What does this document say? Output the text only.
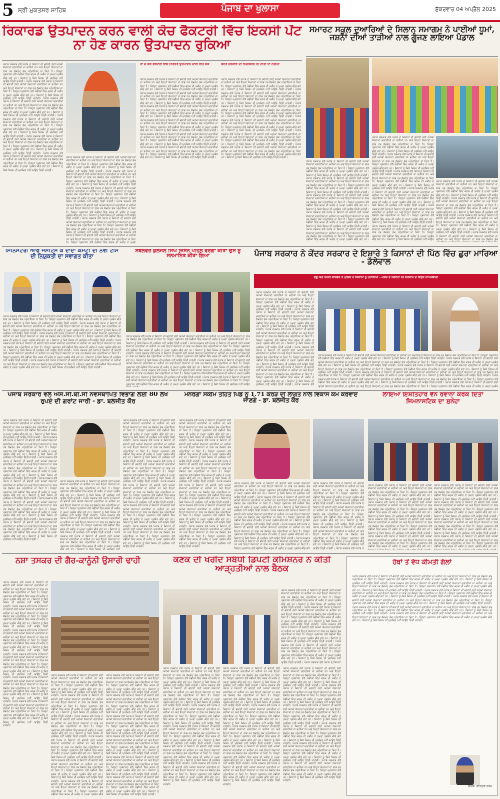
5 ਸ੍ਰੀ ਮੁਕਤਸਰ ਸਾਹਿਬ	ਪੰਜਾਬ ਦਾ ਖੁਲਾਸਾ	ਸ਼ੁੱਕਰਵਾਰ 04 ਅਪ੍ਰੈਲ 2025
ਰਿਕਾਰਡ ਉਤਪਾਦਨ ਕਰਨ ਵਾਲੀ ਕੋਚ ਫੈਕਟਰੀ ਵਿੱਚ ਇਕਸੀ ਪੇਂਟ ਨਾ ਹੋਣ ਕਾਰਨ ਉਤਪਾਦਨ ਰੁਕਿਆ
ਪੰਜਾਬ ਸਰਕਾਰ ਵੱਲੋਂ ਪੰਜਾਬ ਦੇ ਕਿਸਾਨਾਂ ਦੀ ਭਲਾਈ ਲਈ ਅਨੇਕਾਂ ਯੋਜਨਾਵਾਂ ਚਲਾਈਆਂ ਜਾ ਰਹੀਆਂ ਹਨ ਅਤੇ ਇਨ੍ਹਾਂ ਯੋਜਨਾਵਾਂ ਦਾ ਲਾਭ ਹਰ ਲੋੜਵੰਦ ਤੱਕ ਪਹੁੰਚਾਇਆ ਜਾ ਰਿਹਾ ਹੈ। ਜ਼ਿਲ੍ਹਾ ਪ੍ਰਸ਼ਾਸਨ ਵੱਲੋਂ ਮੰਡੀਆਂ ਵਿੱਚ ਕਣਕ ਦੀ ਖਰੀਦ ਦੇ ਪੁਖਤਾ ਪ੍ਰਬੰਧ ਕੀਤੇ ਗਏ ਹਨ। ਕਿਸਾਨਾਂ ਨੂੰ ਕਿਸੇ ਕਿਸਮ ਦੀ ਮੁਸ਼ਕਿਲ ਨਹੀਂ ਆਉਣ ਦਿੱਤੀ ਜਾਵੇਗੀ। ਪੰਜਾਬ ਸਰਕਾਰ ਵੱਲੋਂ ਪੰਜਾਬ ਦੇ ਕਿਸਾਨਾਂ ਦੀ ਭਲਾਈ ਲਈ ਅਨੇਕਾਂ ਯੋਜਨਾਵਾਂ ਚਲਾਈਆਂ ਜਾ ਰਹੀਆਂ ਹਨ ਅਤੇ ਇਨ੍ਹਾਂ ਯੋਜਨਾਵਾਂ ਦਾ ਲਾਭ ਹਰ ਲੋੜਵੰਦ ਤੱਕ ਪਹੁੰਚਾਇਆ ਜਾ ਰਿਹਾ ਹੈ। ਜ਼ਿਲ੍ਹਾ ਪ੍ਰਸ਼ਾਸਨ ਵੱਲੋਂ ਮੰਡੀਆਂ ਵਿੱਚ ਕਣਕ ਦੀ ਖਰੀਦ ਦੇ ਪੁਖਤਾ ਪ੍ਰਬੰਧ ਕੀਤੇ ਗਏ ਹਨ। ਕਿਸਾਨਾਂ ਨੂੰ ਕਿਸੇ ਕਿਸਮ ਦੀ ਮੁਸ਼ਕਿਲ ਨਹੀਂ ਆਉਣ ਦਿੱਤੀ ਜਾਵੇਗੀ। ਪੰਜਾਬ ਸਰਕਾਰ ਵੱਲੋਂ ਪੰਜਾਬ ਦੇ ਕਿਸਾਨਾਂ ਦੀ ਭਲਾਈ ਲਈ ਅਨੇਕਾਂ ਯੋਜਨਾਵਾਂ ਚਲਾਈਆਂ ਜਾ ਰਹੀਆਂ ਹਨ ਅਤੇ ਇਨ੍ਹਾਂ ਯੋਜਨਾਵਾਂ ਦਾ ਲਾਭ ਹਰ ਲੋੜਵੰਦ ਤੱਕ ਪਹੁੰਚਾਇਆ ਜਾ ਰਿਹਾ ਹੈ। ਜ਼ਿਲ੍ਹਾ ਪ੍ਰਸ਼ਾਸਨ ਵੱਲੋਂ ਮੰਡੀਆਂ ਵਿੱਚ ਕਣਕ ਦੀ ਖਰੀਦ ਦੇ ਪੁਖਤਾ ਪ੍ਰਬੰਧ ਕੀਤੇ ਗਏ ਹਨ। ਕਿਸਾਨਾਂ ਨੂੰ ਕਿਸੇ ਕਿਸਮ ਦੀ ਮੁਸ਼ਕਿਲ ਨਹੀਂ ਆਉਣ ਦਿੱਤੀ ਜਾਵੇਗੀ। ਪੰਜਾਬ ਸਰਕਾਰ ਵੱਲੋਂ ਪੰਜਾਬ ਦੇ ਕਿਸਾਨਾਂ ਦੀ ਭਲਾਈ ਲਈ ਅਨੇਕਾਂ ਯੋਜਨਾਵਾਂ ਚਲਾਈਆਂ ਜਾ ਰਹੀਆਂ ਹਨ ਅਤੇ ਇਨ੍ਹਾਂ ਯੋਜਨਾਵਾਂ ਦਾ ਲਾਭ ਹਰ ਲੋੜਵੰਦ ਤੱਕ ਪਹੁੰਚਾਇਆ ਜਾ ਰਿਹਾ ਹੈ। ਜ਼ਿਲ੍ਹਾ ਪ੍ਰਸ਼ਾਸਨ ਵੱਲੋਂ ਮੰਡੀਆਂ ਵਿੱਚ ਕਣਕ ਦੀ ਖਰੀਦ ਦੇ ਪੁਖਤਾ ਪ੍ਰਬੰਧ ਕੀਤੇ ਗਏ ਹਨ। ਕਿਸਾਨਾਂ ਨੂੰ ਕਿਸੇ ਕਿਸਮ ਦੀ ਮੁਸ਼ਕਿਲ ਨਹੀਂ ਆਉਣ ਦਿੱਤੀ ਜਾਵੇਗੀ। ਪੰਜਾਬ ਸਰਕਾਰ ਵੱਲੋਂ ਪੰਜਾਬ ਦੇ ਕਿਸਾਨਾਂ ਦੀ ਭਲਾਈ ਲਈ ਅਨੇਕਾਂ ਯੋਜਨਾਵਾਂ ਚਲਾਈਆਂ ਜਾ ਰਹੀਆਂ ਹਨ ਅਤੇ ਇਨ੍ਹਾਂ ਯੋਜਨਾਵਾਂ ਦਾ ਲਾਭ ਹਰ ਲੋੜਵੰਦ ਤੱਕ ਪਹੁੰਚਾਇਆ ਜਾ ਰਿਹਾ ਹੈ। ਜ਼ਿਲ੍ਹਾ ਪ੍ਰਸ਼ਾਸਨ ਵੱਲੋਂ ਮੰਡੀਆਂ ਵਿੱਚ ਕਣਕ ਦੀ ਖਰੀਦ ਦੇ ਪੁਖਤਾ ਪ੍ਰਬੰਧ ਕੀਤੇ ਗਏ ਹਨ। ਕਿਸਾਨਾਂ ਨੂੰ ਕਿਸੇ ਕਿਸਮ ਦੀ ਮੁਸ਼ਕਿਲ ਨਹੀਂ ਆਉਣ ਦਿੱਤੀ ਜਾਵੇਗੀ। ਪੰਜਾਬ ਸਰਕਾਰ ਵੱਲੋਂ ਪੰਜਾਬ ਦੇ ਕਿਸਾਨਾਂ ਦੀ ਭਲਾਈ ਲਈ ਅਨੇਕਾਂ ਯੋਜਨਾਵਾਂ ਚਲਾਈਆਂ ਜਾ ਰਹੀਆਂ ਹਨ ਅਤੇ ਇਨ੍ਹਾਂ ਯੋਜਨਾਵਾਂ ਦਾ ਲਾਭ ਹਰ ਲੋੜਵੰਦ ਤੱਕ ਪਹੁੰਚਾਇਆ ਜਾ ਰਿਹਾ ਹੈ। ਜ਼ਿਲ੍ਹਾ ਪ੍ਰਸ਼ਾਸਨ ਵੱਲੋਂ ਮੰਡੀਆਂ ਵਿੱਚ ਕਣਕ ਦੀ ਖਰੀਦ ਦੇ ਪੁਖਤਾ ਪ੍ਰਬੰਧ ਕੀਤੇ ਗਏ ਹਨ। ਕਿਸਾਨਾਂ ਨੂੰ ਕਿਸੇ ਕਿਸਮ ਦੀ ਮੁਸ਼ਕਿਲ ਨਹੀਂ ਆਉਣ ਦਿੱਤੀ ਜਾਵੇਗੀ।
ਪੰਜਾਬ ਸਰਕਾਰ ਵੱਲੋਂ ਪੰਜਾਬ ਦੇ ਕਿਸਾਨਾਂ ਦੀ ਭਲਾਈ ਲਈ ਅਨੇਕਾਂ ਯੋਜਨਾਵਾਂ ਚਲਾਈਆਂ ਜਾ ਰਹੀਆਂ ਹਨ ਅਤੇ ਇਨ੍ਹਾਂ ਯੋਜਨਾਵਾਂ ਦਾ ਲਾਭ ਹਰ ਲੋੜਵੰਦ ਤੱਕ ਪਹੁੰਚਾਇਆ ਜਾ ਰਿਹਾ ਹੈ। ਜ਼ਿਲ੍ਹਾ ਪ੍ਰਸ਼ਾਸਨ ਵੱਲੋਂ ਮੰਡੀਆਂ ਵਿੱਚ ਕਣਕ ਦੀ ਖਰੀਦ ਦੇ ਪੁਖਤਾ ਪ੍ਰਬੰਧ ਕੀਤੇ ਗਏ ਹਨ। ਕਿਸਾਨਾਂ ਨੂੰ ਕਿਸੇ ਕਿਸਮ ਦੀ ਮੁਸ਼ਕਿਲ ਨਹੀਂ ਆਉਣ ਦਿੱਤੀ ਜਾਵੇਗੀ। ਪੰਜਾਬ ਸਰਕਾਰ ਵੱਲੋਂ ਪੰਜਾਬ ਦੇ ਕਿਸਾਨਾਂ ਦੀ ਭਲਾਈ ਲਈ ਅਨੇਕਾਂ ਯੋਜਨਾਵਾਂ ਚਲਾਈਆਂ ਜਾ ਰਹੀਆਂ ਹਨ ਅਤੇ ਇਨ੍ਹਾਂ ਯੋਜਨਾਵਾਂ ਦਾ ਲਾਭ ਹਰ ਲੋੜਵੰਦ ਤੱਕ ਪਹੁੰਚਾਇਆ ਜਾ ਰਿਹਾ ਹੈ। ਜ਼ਿਲ੍ਹਾ ਪ੍ਰਸ਼ਾਸਨ ਵੱਲੋਂ ਮੰਡੀਆਂ ਵਿੱਚ ਕਣਕ ਦੀ ਖਰੀਦ ਦੇ ਪੁਖਤਾ ਪ੍ਰਬੰਧ ਕੀਤੇ ਗਏ ਹਨ। ਕਿਸਾਨਾਂ ਨੂੰ ਕਿਸੇ ਕਿਸਮ ਦੀ ਮੁਸ਼ਕਿਲ ਨਹੀਂ ਆਉਣ ਦਿੱਤੀ ਜਾਵੇਗੀ। ਪੰਜਾਬ ਸਰਕਾਰ ਵੱਲੋਂ ਪੰਜਾਬ ਦੇ ਕਿਸਾਨਾਂ ਦੀ ਭਲਾਈ ਲਈ ਅਨੇਕਾਂ ਯੋਜਨਾਵਾਂ ਚਲਾਈਆਂ ਜਾ ਰਹੀਆਂ ਹਨ ਅਤੇ ਇਨ੍ਹਾਂ ਯੋਜਨਾਵਾਂ ਦਾ ਲਾਭ ਹਰ ਲੋੜਵੰਦ ਤੱਕ ਪਹੁੰਚਾਇਆ ਜਾ ਰਿਹਾ ਹੈ। ਜ਼ਿਲ੍ਹਾ ਪ੍ਰਸ਼ਾਸਨ ਵੱਲੋਂ ਮੰਡੀਆਂ ਵਿੱਚ ਕਣਕ ਦੀ ਖਰੀਦ ਦੇ ਪੁਖਤਾ ਪ੍ਰਬੰਧ ਕੀਤੇ ਗਏ ਹਨ। ਕਿਸਾਨਾਂ ਨੂੰ ਕਿਸੇ ਕਿਸਮ ਦੀ ਮੁਸ਼ਕਿਲ ਨਹੀਂ ਆਉਣ ਦਿੱਤੀ ਜਾਵੇਗੀ। ਪੰਜਾਬ ਸਰਕਾਰ ਵੱਲੋਂ ਪੰਜਾਬ ਦੇ ਕਿਸਾਨਾਂ ਦੀ ਭਲਾਈ ਲਈ ਅਨੇਕਾਂ ਯੋਜਨਾਵਾਂ ਚਲਾਈਆਂ ਜਾ ਰਹੀਆਂ ਹਨ ਅਤੇ ਇਨ੍ਹਾਂ ਯੋਜਨਾਵਾਂ ਦਾ ਲਾਭ ਹਰ ਲੋੜਵੰਦ ਤੱਕ ਪਹੁੰਚਾਇਆ ਜਾ ਰਿਹਾ ਹੈ। ਜ਼ਿਲ੍ਹਾ ਪ੍ਰਸ਼ਾਸਨ ਵੱਲੋਂ ਮੰਡੀਆਂ ਵਿੱਚ ਕਣਕ ਦੀ ਖਰੀਦ ਦੇ ਪੁਖਤਾ ਪ੍ਰਬੰਧ ਕੀਤੇ ਗਏ ਹਨ। ਕਿਸਾਨਾਂ ਨੂੰ ਕਿਸੇ ਕਿਸਮ ਦੀ ਮੁਸ਼ਕਿਲ ਨਹੀਂ ਆਉਣ ਦਿੱਤੀ ਜਾਵੇਗੀ। ਪੰਜਾਬ ਸਰਕਾਰ ਵੱਲੋਂ ਪੰਜਾਬ ਦੇ ਕਿਸਾਨਾਂ ਦੀ ਭਲਾਈ ਲਈ ਅਨੇਕਾਂ ਯੋਜਨਾਵਾਂ ਚਲਾਈਆਂ ਜਾ ਰਹੀਆਂ ਹਨ ਅਤੇ ਇਨ੍ਹਾਂ ਯੋਜਨਾਵਾਂ ਦਾ ਲਾਭ ਹਰ ਲੋੜਵੰਦ ਤੱਕ ਪਹੁੰਚਾਇਆ ਜਾ ਰਿਹਾ ਹੈ। ਜ਼ਿਲ੍ਹਾ ਪ੍ਰਸ਼ਾਸਨ ਵੱਲੋਂ ਮੰਡੀਆਂ ਵਿੱਚ ਕਣਕ ਦੀ ਖਰੀਦ ਦੇ ਪੁਖਤਾ ਪ੍ਰਬੰਧ ਕੀਤੇ ਗਏ ਹਨ। ਕਿਸਾਨਾਂ ਨੂੰ ਕਿਸੇ ਕਿਸਮ ਦੀ ਮੁਸ਼ਕਿਲ ਨਹੀਂ ਆਉਣ ਦਿੱਤੀ ਜਾਵੇਗੀ। ਪੰਜਾਬ ਸਰਕਾਰ ਵੱਲੋਂ ਪੰਜਾਬ ਦੇ ਕਿਸਾਨਾਂ ਦੀ ਭਲਾਈ ਲਈ ਅਨੇਕਾਂ ਯੋਜਨਾਵਾਂ ਚਲਾਈਆਂ ਜਾ ਰਹੀਆਂ ਹਨ ਅਤੇ ਇਨ੍ਹਾਂ ਯੋਜਨਾਵਾਂ ਦਾ ਲਾਭ ਹਰ ਲੋੜਵੰਦ ਤੱਕ ਪਹੁੰਚਾਇਆ ਜਾ ਰਿਹਾ ਹੈ। ਜ਼ਿਲ੍ਹਾ ਪ੍ਰਸ਼ਾਸਨ ਵੱਲੋਂ ਮੰਡੀਆਂ ਵਿੱਚ ਕਣਕ ਦੀ ਖਰੀਦ ਦੇ ਪੁਖਤਾ
ਤਾਂ ਜੋ ਕੋਚ ਫੈਕਟਰੀ ਵਿੱਚ ਨਿਰੰਤਰ ਉਤਪਾਦਨ ਜਾਰੀ ਰਹਿ ਸਕੇ
ਪੰਜਾਬ ਸਰਕਾਰ ਵੱਲੋਂ ਪੰਜਾਬ ਦੇ ਕਿਸਾਨਾਂ ਦੀ ਭਲਾਈ ਲਈ ਅਨੇਕਾਂ ਯੋਜਨਾਵਾਂ ਚਲਾਈਆਂ ਜਾ ਰਹੀਆਂ ਹਨ ਅਤੇ ਇਨ੍ਹਾਂ ਯੋਜਨਾਵਾਂ ਦਾ ਲਾਭ ਹਰ ਲੋੜਵੰਦ ਤੱਕ ਪਹੁੰਚਾਇਆ ਜਾ ਰਿਹਾ ਹੈ। ਜ਼ਿਲ੍ਹਾ ਪ੍ਰਸ਼ਾਸਨ ਵੱਲੋਂ ਮੰਡੀਆਂ ਵਿੱਚ ਕਣਕ ਦੀ ਖਰੀਦ ਦੇ ਪੁਖਤਾ ਪ੍ਰਬੰਧ ਕੀਤੇ ਗਏ ਹਨ। ਕਿਸਾਨਾਂ ਨੂੰ ਕਿਸੇ ਕਿਸਮ ਦੀ ਮੁਸ਼ਕਿਲ ਨਹੀਂ ਆਉਣ ਦਿੱਤੀ ਜਾਵੇਗੀ। ਪੰਜਾਬ ਸਰਕਾਰ ਵੱਲੋਂ ਪੰਜਾਬ ਦੇ ਕਿਸਾਨਾਂ ਦੀ ਭਲਾਈ ਲਈ ਅਨੇਕਾਂ ਯੋਜਨਾਵਾਂ ਚਲਾਈਆਂ ਜਾ ਰਹੀਆਂ ਹਨ ਅਤੇ ਇਨ੍ਹਾਂ ਯੋਜਨਾਵਾਂ ਦਾ ਲਾਭ ਹਰ ਲੋੜਵੰਦ ਤੱਕ ਪਹੁੰਚਾਇਆ ਜਾ ਰਿਹਾ ਹੈ। ਜ਼ਿਲ੍ਹਾ ਪ੍ਰਸ਼ਾਸਨ ਵੱਲੋਂ ਮੰਡੀਆਂ ਵਿੱਚ ਕਣਕ ਦੀ ਖਰੀਦ ਦੇ ਪੁਖਤਾ ਪ੍ਰਬੰਧ ਕੀਤੇ ਗਏ ਹਨ। ਕਿਸਾਨਾਂ ਨੂੰ ਕਿਸੇ ਕਿਸਮ ਦੀ ਮੁਸ਼ਕਿਲ ਨਹੀਂ ਆਉਣ ਦਿੱਤੀ ਜਾਵੇਗੀ। ਪੰਜਾਬ ਸਰਕਾਰ ਵੱਲੋਂ ਪੰਜਾਬ ਦੇ ਕਿਸਾਨਾਂ ਦੀ ਭਲਾਈ ਲਈ ਅਨੇਕਾਂ ਯੋਜਨਾਵਾਂ ਚਲਾਈਆਂ ਜਾ ਰਹੀਆਂ ਹਨ ਅਤੇ ਇਨ੍ਹਾਂ ਯੋਜਨਾਵਾਂ ਦਾ ਲਾਭ ਹਰ ਲੋੜਵੰਦ ਤੱਕ ਪਹੁੰਚਾਇਆ ਜਾ ਰਿਹਾ ਹੈ। ਜ਼ਿਲ੍ਹਾ ਪ੍ਰਸ਼ਾਸਨ ਵੱਲੋਂ ਮੰਡੀਆਂ ਵਿੱਚ ਕਣਕ ਦੀ ਖਰੀਦ ਦੇ ਪੁਖਤਾ ਪ੍ਰਬੰਧ ਕੀਤੇ ਗਏ ਹਨ। ਕਿਸਾਨਾਂ ਨੂੰ ਕਿਸੇ ਕਿਸਮ ਦੀ ਮੁਸ਼ਕਿਲ ਨਹੀਂ ਆਉਣ ਦਿੱਤੀ ਜਾਵੇਗੀ। ਪੰਜਾਬ ਸਰਕਾਰ ਵੱਲੋਂ ਪੰਜਾਬ ਦੇ ਕਿਸਾਨਾਂ ਦੀ ਭਲਾਈ ਲਈ ਅਨੇਕਾਂ ਯੋਜਨਾਵਾਂ ਚਲਾਈਆਂ ਜਾ ਰਹੀਆਂ ਹਨ ਅਤੇ ਇਨ੍ਹਾਂ ਯੋਜਨਾਵਾਂ ਦਾ ਲਾਭ ਹਰ ਲੋੜਵੰਦ ਤੱਕ ਪਹੁੰਚਾਇਆ ਜਾ ਰਿਹਾ ਹੈ। ਜ਼ਿਲ੍ਹਾ ਪ੍ਰਸ਼ਾਸਨ ਵੱਲੋਂ ਮੰਡੀਆਂ ਵਿੱਚ ਕਣਕ ਦੀ ਖਰੀਦ ਦੇ ਪੁਖਤਾ ਪ੍ਰਬੰਧ ਕੀਤੇ ਗਏ ਹਨ। ਕਿਸਾਨਾਂ ਨੂੰ ਕਿਸੇ ਕਿਸਮ ਦੀ ਮੁਸ਼ਕਿਲ ਨਹੀਂ ਆਉਣ ਦਿੱਤੀ ਜਾਵੇਗੀ। ਪੰਜਾਬ ਸਰਕਾਰ ਵੱਲੋਂ ਪੰਜਾਬ ਦੇ ਕਿਸਾਨਾਂ ਦੀ ਭਲਾਈ ਲਈ ਅਨੇਕਾਂ ਯੋਜਨਾਵਾਂ ਚਲਾਈਆਂ ਜਾ ਰਹੀਆਂ ਹਨ ਅਤੇ ਇਨ੍ਹਾਂ ਯੋਜਨਾਵਾਂ ਦਾ ਲਾਭ ਹਰ ਲੋੜਵੰਦ ਤੱਕ ਪਹੁੰਚਾਇਆ ਜਾ ਰਿਹਾ ਹੈ। ਜ਼ਿਲ੍ਹਾ ਪ੍ਰਸ਼ਾਸਨ ਵੱਲੋਂ ਮੰਡੀਆਂ ਵਿੱਚ ਕਣਕ ਦੀ ਖਰੀਦ ਦੇ ਪੁਖਤਾ ਪ੍ਰਬੰਧ ਕੀਤੇ ਗਏ ਹਨ। ਕਿਸਾਨਾਂ ਨੂੰ ਕਿਸੇ ਕਿਸਮ ਦੀ ਮੁਸ਼ਕਿਲ ਨਹੀਂ ਆਉਣ ਦਿੱਤੀ ਜਾਵੇਗੀ। ਪੰਜਾਬ ਸਰਕਾਰ ਵੱਲੋਂ ਪੰਜਾਬ ਦੇ ਕਿਸਾਨਾਂ ਦੀ ਭਲਾਈ ਲਈ ਅਨੇਕਾਂ ਯੋਜਨਾਵਾਂ ਚਲਾਈਆਂ ਜਾ ਰਹੀਆਂ ਹਨ ਅਤੇ ਇਨ੍ਹਾਂ ਯੋਜਨਾਵਾਂ ਦਾ ਲਾਭ ਹਰ ਲੋੜਵੰਦ ਤੱਕ ਪਹੁੰਚਾਇਆ ਜਾ ਰਿਹਾ ਹੈ। ਜ਼ਿਲ੍ਹਾ ਪ੍ਰਸ਼ਾਸਨ ਵੱਲੋਂ ਮੰਡੀਆਂ ਵਿੱਚ ਕਣਕ ਦੀ ਖਰੀਦ ਦੇ ਪੁਖਤਾ ਪ੍ਰਬੰਧ ਕੀਤੇ ਗਏ ਹਨ। ਕਿਸਾਨਾਂ ਨੂੰ ਕਿਸੇ ਕਿਸਮ ਦੀ ਮੁਸ਼ਕਿਲ ਨਹੀਂ ਆਉਣ ਦਿੱਤੀ ਜਾਵੇਗੀ।
ਕੇਂਦਰ ਸਰਕਾਰ ਦੀ ਨਿੱਜੀਕਰਨ ਦੀ ਨੀਤੀ ਦਾ ਨਤੀਜਾ
ਪੰਜਾਬ ਸਰਕਾਰ ਵੱਲੋਂ ਪੰਜਾਬ ਦੇ ਕਿਸਾਨਾਂ ਦੀ ਭਲਾਈ ਲਈ ਅਨੇਕਾਂ ਯੋਜਨਾਵਾਂ ਚਲਾਈਆਂ ਜਾ ਰਹੀਆਂ ਹਨ ਅਤੇ ਇਨ੍ਹਾਂ ਯੋਜਨਾਵਾਂ ਦਾ ਲਾਭ ਹਰ ਲੋੜਵੰਦ ਤੱਕ ਪਹੁੰਚਾਇਆ ਜਾ ਰਿਹਾ ਹੈ। ਜ਼ਿਲ੍ਹਾ ਪ੍ਰਸ਼ਾਸਨ ਵੱਲੋਂ ਮੰਡੀਆਂ ਵਿੱਚ ਕਣਕ ਦੀ ਖਰੀਦ ਦੇ ਪੁਖਤਾ ਪ੍ਰਬੰਧ ਕੀਤੇ ਗਏ ਹਨ। ਕਿਸਾਨਾਂ ਨੂੰ ਕਿਸੇ ਕਿਸਮ ਦੀ ਮੁਸ਼ਕਿਲ ਨਹੀਂ ਆਉਣ ਦਿੱਤੀ ਜਾਵੇਗੀ। ਪੰਜਾਬ ਸਰਕਾਰ ਵੱਲੋਂ ਪੰਜਾਬ ਦੇ ਕਿਸਾਨਾਂ ਦੀ ਭਲਾਈ ਲਈ ਅਨੇਕਾਂ ਯੋਜਨਾਵਾਂ ਚਲਾਈਆਂ ਜਾ ਰਹੀਆਂ ਹਨ ਅਤੇ ਇਨ੍ਹਾਂ ਯੋਜਨਾਵਾਂ ਦਾ ਲਾਭ ਹਰ ਲੋੜਵੰਦ ਤੱਕ ਪਹੁੰਚਾਇਆ ਜਾ ਰਿਹਾ ਹੈ। ਜ਼ਿਲ੍ਹਾ ਪ੍ਰਸ਼ਾਸਨ ਵੱਲੋਂ ਮੰਡੀਆਂ ਵਿੱਚ ਕਣਕ ਦੀ ਖਰੀਦ ਦੇ ਪੁਖਤਾ ਪ੍ਰਬੰਧ ਕੀਤੇ ਗਏ ਹਨ। ਕਿਸਾਨਾਂ ਨੂੰ ਕਿਸੇ ਕਿਸਮ ਦੀ ਮੁਸ਼ਕਿਲ ਨਹੀਂ ਆਉਣ ਦਿੱਤੀ ਜਾਵੇਗੀ। ਪੰਜਾਬ ਸਰਕਾਰ ਵੱਲੋਂ ਪੰਜਾਬ ਦੇ ਕਿਸਾਨਾਂ ਦੀ ਭਲਾਈ ਲਈ ਅਨੇਕਾਂ ਯੋਜਨਾਵਾਂ ਚਲਾਈਆਂ ਜਾ ਰਹੀਆਂ ਹਨ ਅਤੇ ਇਨ੍ਹਾਂ ਯੋਜਨਾਵਾਂ ਦਾ ਲਾਭ ਹਰ ਲੋੜਵੰਦ ਤੱਕ ਪਹੁੰਚਾਇਆ ਜਾ ਰਿਹਾ ਹੈ। ਜ਼ਿਲ੍ਹਾ ਪ੍ਰਸ਼ਾਸਨ ਵੱਲੋਂ ਮੰਡੀਆਂ ਵਿੱਚ ਕਣਕ ਦੀ ਖਰੀਦ ਦੇ ਪੁਖਤਾ ਪ੍ਰਬੰਧ ਕੀਤੇ ਗਏ ਹਨ। ਕਿਸਾਨਾਂ ਨੂੰ ਕਿਸੇ ਕਿਸਮ ਦੀ ਮੁਸ਼ਕਿਲ ਨਹੀਂ ਆਉਣ ਦਿੱਤੀ ਜਾਵੇਗੀ। ਪੰਜਾਬ ਸਰਕਾਰ ਵੱਲੋਂ ਪੰਜਾਬ ਦੇ ਕਿਸਾਨਾਂ ਦੀ ਭਲਾਈ ਲਈ ਅਨੇਕਾਂ ਯੋਜਨਾਵਾਂ ਚਲਾਈਆਂ ਜਾ ਰਹੀਆਂ ਹਨ ਅਤੇ ਇਨ੍ਹਾਂ ਯੋਜਨਾਵਾਂ ਦਾ ਲਾਭ ਹਰ ਲੋੜਵੰਦ ਤੱਕ ਪਹੁੰਚਾਇਆ ਜਾ ਰਿਹਾ ਹੈ। ਜ਼ਿਲ੍ਹਾ ਪ੍ਰਸ਼ਾਸਨ ਵੱਲੋਂ ਮੰਡੀਆਂ ਵਿੱਚ ਕਣਕ ਦੀ ਖਰੀਦ ਦੇ ਪੁਖਤਾ ਪ੍ਰਬੰਧ ਕੀਤੇ ਗਏ ਹਨ। ਕਿਸਾਨਾਂ ਨੂੰ ਕਿਸੇ ਕਿਸਮ ਦੀ ਮੁਸ਼ਕਿਲ ਨਹੀਂ ਆਉਣ ਦਿੱਤੀ ਜਾਵੇਗੀ। ਪੰਜਾਬ ਸਰਕਾਰ ਵੱਲੋਂ ਪੰਜਾਬ ਦੇ ਕਿਸਾਨਾਂ ਦੀ ਭਲਾਈ ਲਈ ਅਨੇਕਾਂ ਯੋਜਨਾਵਾਂ ਚਲਾਈਆਂ ਜਾ ਰਹੀਆਂ ਹਨ ਅਤੇ ਇਨ੍ਹਾਂ ਯੋਜਨਾਵਾਂ ਦਾ ਲਾਭ ਹਰ ਲੋੜਵੰਦ ਤੱਕ ਪਹੁੰਚਾਇਆ ਜਾ ਰਿਹਾ ਹੈ। ਜ਼ਿਲ੍ਹਾ ਪ੍ਰਸ਼ਾਸਨ ਵੱਲੋਂ ਮੰਡੀਆਂ ਵਿੱਚ ਕਣਕ ਦੀ ਖਰੀਦ ਦੇ ਪੁਖਤਾ ਪ੍ਰਬੰਧ ਕੀਤੇ ਗਏ ਹਨ। ਕਿਸਾਨਾਂ ਨੂੰ ਕਿਸੇ ਕਿਸਮ ਦੀ ਮੁਸ਼ਕਿਲ ਨਹੀਂ ਆਉਣ ਦਿੱਤੀ ਜਾਵੇਗੀ। ਪੰਜਾਬ ਸਰਕਾਰ ਵੱਲੋਂ ਪੰਜਾਬ ਦੇ ਕਿਸਾਨਾਂ ਦੀ ਭਲਾਈ ਲਈ ਅਨੇਕਾਂ ਯੋਜਨਾਵਾਂ ਚਲਾਈਆਂ ਜਾ ਰਹੀਆਂ ਹਨ ਅਤੇ ਇਨ੍ਹਾਂ ਯੋਜਨਾਵਾਂ ਦਾ ਲਾਭ ਹਰ ਲੋੜਵੰਦ ਤੱਕ ਪਹੁੰਚਾਇਆ ਜਾ ਰਿਹਾ ਹੈ। ਜ਼ਿਲ੍ਹਾ ਪ੍ਰਸ਼ਾਸਨ ਵੱਲੋਂ ਮੰਡੀਆਂ ਵਿੱਚ ਕਣਕ ਦੀ ਖਰੀਦ ਦੇ ਪੁਖਤਾ ਪ੍ਰਬੰਧ ਕੀਤੇ ਗਏ ਹਨ। ਕਿਸਾਨਾਂ ਨੂੰ ਕਿਸੇ ਕਿਸਮ ਦੀ ਮੁਸ਼ਕਿਲ ਨਹੀਂ ਆਉਣ ਦਿੱਤੀ ਜਾਵੇਗੀ।
ਸਮਾਰਟ ਸਕੂਲ ਦੁਆਰਿਆਂ ਦੇ ਸਿਲਾਨ ਸਮਾਗਮ ਨੇ ਪਾਈਆਂ ਧੂਮਾਂ, ਜਸ਼ਨਾਂ ਦੀਆਂ ਤਾੜੀਆਂ ਨਾਲ ਗੂੰਜਣ ਲਾਇਆ ਪੰਡਾਲ
ਪੰਜਾਬ ਸਰਕਾਰ ਵੱਲੋਂ ਪੰਜਾਬ ਦੇ ਕਿਸਾਨਾਂ ਦੀ ਭਲਾਈ ਲਈ ਅਨੇਕਾਂ ਯੋਜਨਾਵਾਂ ਚਲਾਈਆਂ ਜਾ ਰਹੀਆਂ ਹਨ ਅਤੇ ਇਨ੍ਹਾਂ ਯੋਜਨਾਵਾਂ ਦਾ ਲਾਭ ਹਰ ਲੋੜਵੰਦ ਤੱਕ ਪਹੁੰਚਾਇਆ ਜਾ ਰਿਹਾ ਹੈ। ਜ਼ਿਲ੍ਹਾ ਪ੍ਰਸ਼ਾਸਨ ਵੱਲੋਂ ਮੰਡੀਆਂ ਵਿੱਚ ਕਣਕ ਦੀ ਖਰੀਦ ਦੇ ਪੁਖਤਾ ਪ੍ਰਬੰਧ ਕੀਤੇ ਗਏ ਹਨ। ਕਿਸਾਨਾਂ ਨੂੰ ਕਿਸੇ ਕਿਸਮ ਦੀ ਮੁਸ਼ਕਿਲ ਨਹੀਂ ਆਉਣ ਦਿੱਤੀ ਜਾਵੇਗੀ। ਪੰਜਾਬ ਸਰਕਾਰ ਵੱਲੋਂ ਪੰਜਾਬ ਦੇ ਕਿਸਾਨਾਂ ਦੀ ਭਲਾਈ ਲਈ ਅਨੇਕਾਂ ਯੋਜਨਾਵਾਂ ਚਲਾਈਆਂ ਜਾ ਰਹੀਆਂ ਹਨ ਅਤੇ ਇਨ੍ਹਾਂ ਯੋਜਨਾਵਾਂ ਦਾ ਲਾਭ ਹਰ ਲੋੜਵੰਦ ਤੱਕ ਪਹੁੰਚਾਇਆ ਜਾ ਰਿਹਾ ਹੈ। ਜ਼ਿਲ੍ਹਾ ਪ੍ਰਸ਼ਾਸਨ ਵੱਲੋਂ ਮੰਡੀਆਂ ਵਿੱਚ ਕਣਕ ਦੀ ਖਰੀਦ ਦੇ ਪੁਖਤਾ ਪ੍ਰਬੰਧ ਕੀਤੇ ਗਏ ਹਨ। ਕਿਸਾਨਾਂ ਨੂੰ ਕਿਸੇ ਕਿਸਮ ਦੀ ਮੁਸ਼ਕਿਲ ਨਹੀਂ ਆਉਣ ਦਿੱਤੀ ਜਾਵੇਗੀ। ਪੰਜਾਬ ਸਰਕਾਰ ਵੱਲੋਂ ਪੰਜਾਬ ਦੇ ਕਿਸਾਨਾਂ ਦੀ ਭਲਾਈ ਲਈ ਅਨੇਕਾਂ ਯੋਜਨਾਵਾਂ ਚਲਾਈਆਂ ਜਾ ਰਹੀਆਂ ਹਨ ਅਤੇ ਇਨ੍ਹਾਂ ਯੋਜਨਾਵਾਂ ਦਾ ਲਾਭ ਹਰ ਲੋੜਵੰਦ ਤੱਕ ਪਹੁੰਚਾਇਆ ਜਾ ਰਿਹਾ ਹੈ। ਜ਼ਿਲ੍ਹਾ ਪ੍ਰਸ਼ਾਸਨ ਵੱਲੋਂ ਮੰਡੀਆਂ ਵਿੱਚ ਕਣਕ ਦੀ ਖਰੀਦ ਦੇ ਪੁਖਤਾ ਪ੍ਰਬੰਧ ਕੀਤੇ ਗਏ ਹਨ। ਕਿਸਾਨਾਂ ਨੂੰ ਕਿਸੇ ਕਿਸਮ ਦੀ ਮੁਸ਼ਕਿਲ ਨਹੀਂ ਆਉਣ ਦਿੱਤੀ ਜਾਵੇਗੀ। ਪੰਜਾਬ ਸਰਕਾਰ ਵੱਲੋਂ ਪੰਜਾਬ ਦੇ ਕਿਸਾਨਾਂ ਦੀ ਭਲਾਈ ਲਈ ਅਨੇਕਾਂ ਯੋਜਨਾਵਾਂ ਚਲਾਈਆਂ ਜਾ ਰਹੀਆਂ ਹਨ ਅਤੇ ਇਨ੍ਹਾਂ ਯੋਜਨਾਵਾਂ ਦਾ ਲਾਭ ਹਰ ਲੋੜਵੰਦ ਤੱਕ ਪਹੁੰਚਾਇਆ ਜਾ ਰਿਹਾ ਹੈ। ਜ਼ਿਲ੍ਹਾ ਪ੍ਰਸ਼ਾਸਨ ਵੱਲੋਂ ਮੰਡੀਆਂ ਵਿੱਚ ਕਣਕ ਦੀ ਖਰੀਦ ਦੇ ਪੁਖਤਾ ਪ੍ਰਬੰਧ ਕੀਤੇ ਗਏ ਹਨ। ਕਿਸਾਨਾਂ ਨੂੰ ਕਿਸੇ ਕਿਸਮ ਦੀ ਮੁਸ਼ਕਿਲ ਨਹੀਂ ਆਉਣ ਦਿੱਤੀ ਜਾਵੇਗੀ। ਪੰਜਾਬ ਸਰਕਾਰ ਵੱਲੋਂ ਪੰਜਾਬ ਦੇ ਕਿਸਾਨਾਂ ਦੀ ਭਲਾਈ ਲਈ ਅਨੇਕਾਂ ਯੋਜਨਾਵਾਂ ਚਲਾਈਆਂ ਜਾ ਰਹੀਆਂ ਹਨ ਅਤੇ ਇਨ੍ਹਾਂ ਯੋਜਨਾਵਾਂ ਦਾ ਲਾਭ ਹਰ ਲੋੜਵੰਦ ਤੱਕ ਪਹੁੰਚਾਇਆ ਜਾ ਰਿਹਾ ਹੈ। ਜ਼ਿਲ੍ਹਾ ਪ੍ਰਸ਼ਾਸਨ ਵੱਲੋਂ ਮੰਡੀਆਂ ਵਿੱਚ ਕਣਕ ਦੀ ਖਰੀਦ ਦੇ ਪੁਖਤਾ ਪ੍ਰਬੰਧ ਕੀਤੇ ਗਏ ਹਨ। ਕਿਸਾਨਾਂ ਨੂੰ ਕਿਸੇ ਕਿਸਮ ਦੀ ਮੁਸ਼ਕਿਲ ਨਹੀਂ ਆਉਣ ਦਿੱਤੀ ਜਾਵੇਗੀ। ਪੰਜਾਬ ਸਰਕਾਰ ਵੱਲੋਂ ਪੰਜਾਬ ਦੇ ਕਿਸਾਨਾਂ ਦੀ ਭਲਾਈ ਲਈ ਅਨੇਕਾਂ ਯੋਜਨਾਵਾਂ ਚਲਾਈਆਂ ਜਾ ਰਹੀਆਂ ਹਨ ਅਤੇ ਇਨ੍ਹਾਂ ਯੋਜਨਾਵਾਂ ਦਾ ਲਾਭ ਹਰ ਲੋੜਵੰਦ ਤੱਕ ਪਹੁੰਚਾਇਆ ਜਾ ਰਿਹਾ ਹੈ। ਜ਼ਿਲ੍ਹਾ ਪ੍ਰਸ਼ਾਸਨ ਵੱਲੋਂ ਮੰਡੀਆਂ ਵਿੱਚ ਕਣਕ ਦੀ ਖਰੀਦ ਦੇ ਪੁਖਤਾ ਪ੍ਰਬੰਧ ਕੀਤੇ ਗਏ ਹਨ। ਕਿਸਾਨਾਂ ਨੂੰ ਕਿਸੇ ਕਿਸਮ ਦੀ ਮੁਸ਼ਕਿਲ ਨਹੀਂ ਆਉਣ
ਪੰਜਾਬ ਸਰਕਾਰ ਵੱਲੋਂ ਪੰਜਾਬ ਦੇ ਕਿਸਾਨਾਂ ਦੀ ਭਲਾਈ ਲਈ ਅਨੇਕਾਂ ਯੋਜਨਾਵਾਂ ਚਲਾਈਆਂ ਜਾ ਰਹੀਆਂ ਹਨ ਅਤੇ ਇਨ੍ਹਾਂ ਯੋਜਨਾਵਾਂ ਦਾ ਲਾਭ ਹਰ ਲੋੜਵੰਦ ਤੱਕ ਪਹੁੰਚਾਇਆ ਜਾ ਰਿਹਾ ਹੈ। ਜ਼ਿਲ੍ਹਾ ਪ੍ਰਸ਼ਾਸਨ ਵੱਲੋਂ ਮੰਡੀਆਂ ਵਿੱਚ ਕਣਕ ਦੀ ਖਰੀਦ ਦੇ ਪੁਖਤਾ ਪ੍ਰਬੰਧ ਕੀਤੇ ਗਏ ਹਨ। ਕਿਸਾਨਾਂ ਨੂੰ ਕਿਸੇ ਕਿਸਮ ਦੀ ਮੁਸ਼ਕਿਲ ਨਹੀਂ ਆਉਣ ਦਿੱਤੀ ਜਾਵੇਗੀ। ਪੰਜਾਬ ਸਰਕਾਰ ਵੱਲੋਂ ਪੰਜਾਬ ਦੇ ਕਿਸਾਨਾਂ ਦੀ ਭਲਾਈ ਲਈ ਅਨੇਕਾਂ ਯੋਜਨਾਵਾਂ ਚਲਾਈਆਂ ਜਾ ਰਹੀਆਂ ਹਨ ਅਤੇ ਇਨ੍ਹਾਂ ਯੋਜਨਾਵਾਂ ਦਾ ਲਾਭ ਹਰ ਲੋੜਵੰਦ ਤੱਕ ਪਹੁੰਚਾਇਆ ਜਾ ਰਿਹਾ ਹੈ। ਜ਼ਿਲ੍ਹਾ ਪ੍ਰਸ਼ਾਸਨ ਵੱਲੋਂ ਮੰਡੀਆਂ ਵਿੱਚ ਕਣਕ ਦੀ ਖਰੀਦ ਦੇ ਪੁਖਤਾ ਪ੍ਰਬੰਧ ਕੀਤੇ ਗਏ ਹਨ। ਕਿਸਾਨਾਂ ਨੂੰ ਕਿਸੇ ਕਿਸਮ ਦੀ ਮੁਸ਼ਕਿਲ ਨਹੀਂ ਆਉਣ ਦਿੱਤੀ ਜਾਵੇਗੀ। ਪੰਜਾਬ ਸਰਕਾਰ ਵੱਲੋਂ ਪੰਜਾਬ ਦੇ ਕਿਸਾਨਾਂ ਦੀ ਭਲਾਈ ਲਈ ਅਨੇਕਾਂ ਯੋਜਨਾਵਾਂ ਚਲਾਈਆਂ ਜਾ ਰਹੀਆਂ ਹਨ ਅਤੇ ਇਨ੍ਹਾਂ ਯੋਜਨਾਵਾਂ ਦਾ ਲਾਭ ਹਰ ਲੋੜਵੰਦ ਤੱਕ ਪਹੁੰਚਾਇਆ ਜਾ ਰਿਹਾ ਹੈ। ਜ਼ਿਲ੍ਹਾ ਪ੍ਰਸ਼ਾਸਨ ਵੱਲੋਂ ਮੰਡੀਆਂ ਵਿੱਚ ਕਣਕ ਦੀ ਖਰੀਦ ਦੇ ਪੁਖਤਾ ਪ੍ਰਬੰਧ ਕੀਤੇ ਗਏ ਹਨ। ਕਿਸਾਨਾਂ ਨੂੰ ਕਿਸੇ ਕਿਸਮ ਦੀ ਮੁਸ਼ਕਿਲ ਨਹੀਂ ਆਉਣ ਦਿੱਤੀ ਜਾਵੇਗੀ। ਪੰਜਾਬ ਸਰਕਾਰ ਵੱਲੋਂ ਪੰਜਾਬ ਦੇ ਕਿਸਾਨਾਂ ਦੀ ਭਲਾਈ ਲਈ ਅਨੇਕਾਂ ਯੋਜਨਾਵਾਂ ਚਲਾਈਆਂ ਜਾ ਰਹੀਆਂ ਹਨ ਅਤੇ ਇਨ੍ਹਾਂ ਯੋਜਨਾਵਾਂ ਦਾ ਲਾਭ ਹਰ ਲੋੜਵੰਦ ਤੱਕ
ਪੰਜਾਬ ਸਰਕਾਰ ਵੱਲੋਂ ਪੰਜਾਬ ਦੇ ਕਿਸਾਨਾਂ ਦੀ ਭਲਾਈ ਲਈ ਅਨੇਕਾਂ ਯੋਜਨਾਵਾਂ ਚਲਾਈਆਂ ਜਾ ਰਹੀਆਂ ਹਨ ਅਤੇ ਇਨ੍ਹਾਂ ਯੋਜਨਾਵਾਂ ਦਾ ਲਾਭ ਹਰ ਲੋੜਵੰਦ ਤੱਕ ਪਹੁੰਚਾਇਆ ਜਾ ਰਿਹਾ ਹੈ। ਜ਼ਿਲ੍ਹਾ ਪ੍ਰਸ਼ਾਸਨ ਵੱਲੋਂ ਮੰਡੀਆਂ ਵਿੱਚ ਕਣਕ ਦੀ ਖਰੀਦ ਦੇ ਪੁਖਤਾ ਪ੍ਰਬੰਧ ਕੀਤੇ ਗਏ ਹਨ। ਕਿਸਾਨਾਂ ਨੂੰ ਕਿਸੇ ਕਿਸਮ ਦੀ ਮੁਸ਼ਕਿਲ ਨਹੀਂ ਆਉਣ ਦਿੱਤੀ ਜਾਵੇਗੀ। ਪੰਜਾਬ ਸਰਕਾਰ ਵੱਲੋਂ ਪੰਜਾਬ ਦੇ ਕਿਸਾਨਾਂ ਦੀ ਭਲਾਈ ਲਈ ਅਨੇਕਾਂ ਯੋਜਨਾਵਾਂ ਚਲਾਈਆਂ ਜਾ ਰਹੀਆਂ ਹਨ ਅਤੇ ਇਨ੍ਹਾਂ ਯੋਜਨਾਵਾਂ ਦਾ ਲਾਭ ਹਰ ਲੋੜਵੰਦ ਤੱਕ ਪਹੁੰਚਾਇਆ ਜਾ ਰਿਹਾ ਹੈ। ਜ਼ਿਲ੍ਹਾ ਪ੍ਰਸ਼ਾਸਨ ਵੱਲੋਂ ਮੰਡੀਆਂ ਵਿੱਚ ਕਣਕ ਦੀ ਖਰੀਦ ਦੇ ਪੁਖਤਾ ਪ੍ਰਬੰਧ ਕੀਤੇ ਗਏ ਹਨ। ਕਿਸਾਨਾਂ ਨੂੰ ਕਿਸੇ ਕਿਸਮ ਦੀ ਮੁਸ਼ਕਿਲ ਨਹੀਂ ਆਉਣ ਦਿੱਤੀ ਜਾਵੇਗੀ। ਪੰਜਾਬ ਸਰਕਾਰ ਵੱਲੋਂ ਪੰਜਾਬ ਦੇ ਕਿਸਾਨਾਂ ਦੀ ਭਲਾਈ ਲਈ ਅਨੇਕਾਂ ਯੋਜਨਾਵਾਂ ਚਲਾਈਆਂ ਜਾ ਰਹੀਆਂ ਹਨ ਅਤੇ ਇਨ੍ਹਾਂ ਯੋਜਨਾਵਾਂ ਦਾ ਲਾਭ ਹਰ ਲੋੜਵੰਦ ਤੱਕ ਪਹੁੰਚਾਇਆ ਜਾ ਰਿਹਾ ਹੈ। ਜ਼ਿਲ੍ਹਾ ਪ੍ਰਸ਼ਾਸਨ ਵੱਲੋਂ ਮੰਡੀਆਂ ਵਿੱਚ ਕਣਕ ਦੀ ਖਰੀਦ ਦੇ ਪੁਖਤਾ ਪ੍ਰਬੰਧ ਕੀਤੇ ਗਏ ਹਨ। ਕਿਸਾਨਾਂ ਨੂੰ ਕਿਸੇ ਕਿਸਮ ਦੀ ਮੁਸ਼ਕਿਲ ਨਹੀਂ ਆਉਣ ਦਿੱਤੀ ਜਾਵੇਗੀ। ਪੰਜਾਬ ਸਰਕਾਰ ਵੱਲੋਂ ਪੰਜਾਬ ਦੇ ਕਿਸਾਨਾਂ ਦੀ ਭਲਾਈ ਲਈ ਅਨੇਕਾਂ ਯੋਜਨਾਵਾਂ ਚਲਾਈਆਂ ਜਾ ਰਹੀਆਂ ਹਨ ਅਤੇ ਇਨ੍ਹਾਂ ਯੋਜਨਾਵਾਂ ਦਾ ਲਾਭ ਹਰ ਲੋੜਵੰਦ ਤੱਕ ਪਹੁੰਚਾਇਆ ਜਾ ਰਿਹਾ ਹੈ। ਜ਼ਿਲ੍ਹਾ ਪ੍ਰਸ਼ਾਸਨ ਵੱਲੋਂ ਮੰਡੀਆਂ ਵਿੱਚ ਕਣਕ ਦੀ ਖਰੀਦ ਦੇ ਪੁਖਤਾ ਪ੍ਰਬੰਧ ਕੀਤੇ ਗਏ ਹਨ। ਕਿਸਾਨਾਂ ਨੂੰ ਕਿਸੇ ਕਿਸਮ ਦੀ ਮੁਸ਼ਕਿਲ ਨਹੀਂ ਆਉਣ ਦਿੱਤੀ ਜਾਵੇਗੀ। ਪੰਜਾਬ ਸਰਕਾਰ ਵੱਲੋਂ ਪੰਜਾਬ ਦੇ ਕਿਸਾਨਾਂ ਦੀ ਭਲਾਈ ਲਈ ਅਨੇਕਾਂ ਯੋਜਨਾਵਾਂ ਚਲਾਈਆਂ ਜਾ ਰਹੀਆਂ ਹਨ ਅਤੇ ਇਨ੍ਹਾਂ ਯੋਜਨਾਵਾਂ ਦਾ ਲਾਭ ਹਰ ਲੋੜਵੰਦ ਤੱਕ ਪਹੁੰਚਾਇਆ ਜਾ ਰਿਹਾ ਹੈ। ਜ਼ਿਲ੍ਹਾ ਪ੍ਰਸ਼ਾਸਨ ਵੱਲੋਂ ਮੰਡੀਆਂ ਵਿੱਚ ਕਣਕ ਦੀ ਖਰੀਦ ਦੇ ਪੁਖਤਾ ਪ੍ਰਬੰਧ ਕੀਤੇ ਗਏ ਹਨ।
ਮਿਨਿਸਟਰੀ ਆਫ ਜਸਟਿਸ ਕੇ ਦਾਦਾ ਕਮੇਟੀ ਦੀ ਨਵੀਂ ਟੀਮ ਦੀ ਨਿਯੁਕਤੀ ਦਾ ਸਵਾਗਤ ਕੀਤਾ
ਪੰਜਾਬ ਸਰਕਾਰ ਵੱਲੋਂ ਪੰਜਾਬ ਦੇ ਕਿਸਾਨਾਂ ਦੀ ਭਲਾਈ ਲਈ ਅਨੇਕਾਂ ਯੋਜਨਾਵਾਂ ਚਲਾਈਆਂ ਜਾ ਰਹੀਆਂ ਹਨ ਅਤੇ ਇਨ੍ਹਾਂ ਯੋਜਨਾਵਾਂ ਦਾ ਲਾਭ ਹਰ ਲੋੜਵੰਦ ਤੱਕ ਪਹੁੰਚਾਇਆ ਜਾ ਰਿਹਾ ਹੈ। ਜ਼ਿਲ੍ਹਾ ਪ੍ਰਸ਼ਾਸਨ ਵੱਲੋਂ ਮੰਡੀਆਂ ਵਿੱਚ ਕਣਕ ਦੀ ਖਰੀਦ ਦੇ ਪੁਖਤਾ ਪ੍ਰਬੰਧ ਕੀਤੇ ਗਏ ਹਨ। ਕਿਸਾਨਾਂ ਨੂੰ ਕਿਸੇ ਕਿਸਮ ਦੀ ਮੁਸ਼ਕਿਲ ਨਹੀਂ ਆਉਣ ਦਿੱਤੀ ਜਾਵੇਗੀ। ਪੰਜਾਬ ਸਰਕਾਰ ਵੱਲੋਂ ਪੰਜਾਬ ਦੇ ਕਿਸਾਨਾਂ ਦੀ ਭਲਾਈ ਲਈ ਅਨੇਕਾਂ ਯੋਜਨਾਵਾਂ ਚਲਾਈਆਂ ਜਾ ਰਹੀਆਂ ਹਨ ਅਤੇ ਇਨ੍ਹਾਂ ਯੋਜਨਾਵਾਂ ਦਾ ਲਾਭ ਹਰ ਲੋੜਵੰਦ ਤੱਕ ਪਹੁੰਚਾਇਆ ਜਾ ਰਿਹਾ ਹੈ। ਜ਼ਿਲ੍ਹਾ ਪ੍ਰਸ਼ਾਸਨ ਵੱਲੋਂ ਮੰਡੀਆਂ ਵਿੱਚ ਕਣਕ ਦੀ ਖਰੀਦ ਦੇ ਪੁਖਤਾ ਪ੍ਰਬੰਧ ਕੀਤੇ ਗਏ ਹਨ। ਕਿਸਾਨਾਂ ਨੂੰ ਕਿਸੇ ਕਿਸਮ ਦੀ ਮੁਸ਼ਕਿਲ ਨਹੀਂ ਆਉਣ ਦਿੱਤੀ ਜਾਵੇਗੀ। ਪੰਜਾਬ ਸਰਕਾਰ ਵੱਲੋਂ ਪੰਜਾਬ ਦੇ ਕਿਸਾਨਾਂ ਦੀ ਭਲਾਈ ਲਈ ਅਨੇਕਾਂ ਯੋਜਨਾਵਾਂ ਚਲਾਈਆਂ ਜਾ ਰਹੀਆਂ ਹਨ ਅਤੇ ਇਨ੍ਹਾਂ ਯੋਜਨਾਵਾਂ ਦਾ ਲਾਭ ਹਰ ਲੋੜਵੰਦ ਤੱਕ ਪਹੁੰਚਾਇਆ ਜਾ ਰਿਹਾ ਹੈ। ਜ਼ਿਲ੍ਹਾ ਪ੍ਰਸ਼ਾਸਨ ਵੱਲੋਂ ਮੰਡੀਆਂ ਵਿੱਚ ਕਣਕ ਦੀ ਖਰੀਦ ਦੇ ਪੁਖਤਾ ਪ੍ਰਬੰਧ ਕੀਤੇ ਗਏ ਹਨ। ਕਿਸਾਨਾਂ ਨੂੰ ਕਿਸੇ ਕਿਸਮ ਦੀ ਮੁਸ਼ਕਿਲ ਨਹੀਂ ਆਉਣ ਦਿੱਤੀ ਜਾਵੇਗੀ। ਪੰਜਾਬ ਸਰਕਾਰ ਵੱਲੋਂ ਪੰਜਾਬ ਦੇ ਕਿਸਾਨਾਂ ਦੀ ਭਲਾਈ ਲਈ ਅਨੇਕਾਂ ਯੋਜਨਾਵਾਂ ਚਲਾਈਆਂ ਜਾ ਰਹੀਆਂ ਹਨ ਅਤੇ ਇਨ੍ਹਾਂ ਯੋਜਨਾਵਾਂ ਦਾ ਲਾਭ ਹਰ ਲੋੜਵੰਦ ਤੱਕ ਪਹੁੰਚਾਇਆ ਜਾ ਰਿਹਾ ਹੈ। ਜ਼ਿਲ੍ਹਾ ਪ੍ਰਸ਼ਾਸਨ ਵੱਲੋਂ ਮੰਡੀਆਂ ਵਿੱਚ ਕਣਕ ਦੀ ਖਰੀਦ ਦੇ ਪੁਖਤਾ ਪ੍ਰਬੰਧ ਕੀਤੇ ਗਏ ਹਨ। ਕਿਸਾਨਾਂ ਨੂੰ ਕਿਸੇ ਕਿਸਮ ਦੀ ਮੁਸ਼ਕਿਲ ਨਹੀਂ ਆਉਣ ਦਿੱਤੀ ਜਾਵੇਗੀ। ਪੰਜਾਬ ਸਰਕਾਰ ਵੱਲੋਂ ਪੰਜਾਬ ਦੇ ਕਿਸਾਨਾਂ ਦੀ ਭਲਾਈ ਲਈ ਅਨੇਕਾਂ ਯੋਜਨਾਵਾਂ ਚਲਾਈਆਂ ਜਾ ਰਹੀਆਂ ਹਨ ਅਤੇ ਇਨ੍ਹਾਂ ਯੋਜਨਾਵਾਂ ਦਾ ਲਾਭ ਹਰ ਲੋੜਵੰਦ ਤੱਕ ਪਹੁੰਚਾਇਆ ਜਾ ਰਿਹਾ ਹੈ। ਜ਼ਿਲ੍ਹਾ ਪ੍ਰਸ਼ਾਸਨ ਵੱਲੋਂ ਮੰਡੀਆਂ ਵਿੱਚ ਕਣਕ ਦੀ ਖਰੀਦ ਦੇ ਪੁਖਤਾ ਪ੍ਰਬੰਧ ਕੀਤੇ ਗਏ ਹਨ। ਕਿਸਾਨਾਂ ਨੂੰ ਕਿਸੇ ਕਿਸਮ ਦੀ ਮੁਸ਼ਕਿਲ ਨਹੀਂ ਆਉਣ ਦਿੱਤੀ ਜਾਵੇਗੀ। ਪੰਜਾਬ ਸਰਕਾਰ ਵੱਲੋਂ ਪੰਜਾਬ ਦੇ ਕਿਸਾਨਾਂ ਦੀ ਭਲਾਈ ਲਈ ਅਨੇਕਾਂ ਯੋਜਨਾਵਾਂ ਚਲਾਈਆਂ ਜਾ ਰਹੀਆਂ ਹਨ ਅਤੇ ਇਨ੍ਹਾਂ ਯੋਜਨਾਵਾਂ ਦਾ ਲਾਭ ਹਰ ਲੋੜਵੰਦ ਤੱਕ ਪਹੁੰਚਾਇਆ ਜਾ ਰਿਹਾ ਹੈ। ਜ਼ਿਲ੍ਹਾ ਪ੍ਰਸ਼ਾਸਨ ਵੱਲੋਂ ਮੰਡੀਆਂ ਵਿੱਚ ਕਣਕ ਦੀ ਖਰੀਦ ਦੇ ਪੁਖਤਾ ਪ੍ਰਬੰਧ ਕੀਤੇ ਗਏ ਹਨ। ਕਿਸਾਨਾਂ ਨੂੰ ਕਿਸੇ ਕਿਸਮ ਦੀ ਮੁਸ਼ਕਿਲ ਨਹੀਂ ਆਉਣ ਦਿੱਤੀ ਜਾਵੇਗੀ।
ਸਬੱਲੇਵਰ ਕੁਲਜਲ ਸਿੰਘ ਜਿਸਨੇ ਪਹਿਲੇ ਵਰਗਾਂ ਕੀਤਾ ਉਸ ਨੂੰ ਸਨਮਾਨਿਤ ਕੀਤਾ ਗਿਆ
ਪੰਜਾਬ ਸਰਕਾਰ ਵੱਲੋਂ ਪੰਜਾਬ ਦੇ ਕਿਸਾਨਾਂ ਦੀ ਭਲਾਈ ਲਈ ਅਨੇਕਾਂ ਯੋਜਨਾਵਾਂ ਚਲਾਈਆਂ ਜਾ ਰਹੀਆਂ ਹਨ ਅਤੇ ਇਨ੍ਹਾਂ ਯੋਜਨਾਵਾਂ ਦਾ ਲਾਭ ਹਰ ਲੋੜਵੰਦ ਤੱਕ ਪਹੁੰਚਾਇਆ ਜਾ ਰਿਹਾ ਹੈ। ਜ਼ਿਲ੍ਹਾ ਪ੍ਰਸ਼ਾਸਨ ਵੱਲੋਂ ਮੰਡੀਆਂ ਵਿੱਚ ਕਣਕ ਦੀ ਖਰੀਦ ਦੇ ਪੁਖਤਾ ਪ੍ਰਬੰਧ ਕੀਤੇ ਗਏ ਹਨ। ਕਿਸਾਨਾਂ ਨੂੰ ਕਿਸੇ ਕਿਸਮ ਦੀ ਮੁਸ਼ਕਿਲ ਨਹੀਂ ਆਉਣ ਦਿੱਤੀ ਜਾਵੇਗੀ। ਪੰਜਾਬ ਸਰਕਾਰ ਵੱਲੋਂ ਪੰਜਾਬ ਦੇ ਕਿਸਾਨਾਂ ਦੀ ਭਲਾਈ ਲਈ ਅਨੇਕਾਂ ਯੋਜਨਾਵਾਂ ਚਲਾਈਆਂ ਜਾ ਰਹੀਆਂ ਹਨ ਅਤੇ ਇਨ੍ਹਾਂ ਯੋਜਨਾਵਾਂ ਦਾ ਲਾਭ ਹਰ ਲੋੜਵੰਦ ਤੱਕ ਪਹੁੰਚਾਇਆ ਜਾ ਰਿਹਾ ਹੈ। ਜ਼ਿਲ੍ਹਾ ਪ੍ਰਸ਼ਾਸਨ ਵੱਲੋਂ ਮੰਡੀਆਂ ਵਿੱਚ ਕਣਕ ਦੀ ਖਰੀਦ ਦੇ ਪੁਖਤਾ ਪ੍ਰਬੰਧ ਕੀਤੇ ਗਏ ਹਨ। ਕਿਸਾਨਾਂ ਨੂੰ ਕਿਸੇ ਕਿਸਮ ਦੀ ਮੁਸ਼ਕਿਲ ਨਹੀਂ ਆਉਣ ਦਿੱਤੀ ਜਾਵੇਗੀ। ਪੰਜਾਬ ਸਰਕਾਰ ਵੱਲੋਂ ਪੰਜਾਬ ਦੇ ਕਿਸਾਨਾਂ ਦੀ ਭਲਾਈ ਲਈ ਅਨੇਕਾਂ ਯੋਜਨਾਵਾਂ ਚਲਾਈਆਂ ਜਾ ਰਹੀਆਂ ਹਨ ਅਤੇ ਇਨ੍ਹਾਂ ਯੋਜਨਾਵਾਂ ਦਾ ਲਾਭ ਹਰ ਲੋੜਵੰਦ ਤੱਕ ਪਹੁੰਚਾਇਆ ਜਾ ਰਿਹਾ ਹੈ। ਜ਼ਿਲ੍ਹਾ ਪ੍ਰਸ਼ਾਸਨ ਵੱਲੋਂ ਮੰਡੀਆਂ ਵਿੱਚ ਕਣਕ ਦੀ ਖਰੀਦ ਦੇ ਪੁਖਤਾ ਪ੍ਰਬੰਧ ਕੀਤੇ ਗਏ ਹਨ। ਕਿਸਾਨਾਂ ਨੂੰ ਕਿਸੇ ਕਿਸਮ ਦੀ ਮੁਸ਼ਕਿਲ ਨਹੀਂ ਆਉਣ ਦਿੱਤੀ ਜਾਵੇਗੀ। ਪੰਜਾਬ ਸਰਕਾਰ ਵੱਲੋਂ ਪੰਜਾਬ ਦੇ ਕਿਸਾਨਾਂ ਦੀ ਭਲਾਈ ਲਈ ਅਨੇਕਾਂ ਯੋਜਨਾਵਾਂ ਚਲਾਈਆਂ ਜਾ ਰਹੀਆਂ ਹਨ ਅਤੇ ਇਨ੍ਹਾਂ ਯੋਜਨਾਵਾਂ ਦਾ ਲਾਭ ਹਰ ਲੋੜਵੰਦ ਤੱਕ ਪਹੁੰਚਾਇਆ ਜਾ ਰਿਹਾ ਹੈ। ਜ਼ਿਲ੍ਹਾ ਪ੍ਰਸ਼ਾਸਨ ਵੱਲੋਂ ਮੰਡੀਆਂ ਵਿੱਚ ਕਣਕ ਦੀ ਖਰੀਦ ਦੇ ਪੁਖਤਾ ਪ੍ਰਬੰਧ ਕੀਤੇ ਗਏ ਹਨ। ਕਿਸਾਨਾਂ ਨੂੰ ਕਿਸੇ ਕਿਸਮ ਦੀ ਮੁਸ਼ਕਿਲ ਨਹੀਂ ਆਉਣ ਦਿੱਤੀ ਜਾਵੇਗੀ। ਪੰਜਾਬ ਸਰਕਾਰ ਵੱਲੋਂ ਪੰਜਾਬ ਦੇ ਕਿਸਾਨਾਂ ਦੀ ਭਲਾਈ ਲਈ ਅਨੇਕਾਂ ਯੋਜਨਾਵਾਂ ਚਲਾਈਆਂ ਜਾ ਰਹੀਆਂ ਹਨ ਅਤੇ ਇਨ੍ਹਾਂ ਯੋਜਨਾਵਾਂ ਦਾ ਲਾਭ ਹਰ ਲੋੜਵੰਦ ਤੱਕ ਪਹੁੰਚਾਇਆ ਜਾ ਰਿਹਾ ਹੈ। ਜ਼ਿਲ੍ਹਾ ਪ੍ਰਸ਼ਾਸਨ ਵੱਲੋਂ ਮੰਡੀਆਂ ਵਿੱਚ ਕਣਕ ਦੀ ਖਰੀਦ ਦੇ ਪੁਖਤਾ ਪ੍ਰਬੰਧ ਕੀਤੇ ਗਏ ਹਨ। ਕਿਸਾਨਾਂ ਨੂੰ ਕਿਸੇ ਕਿਸਮ ਦੀ ਮੁਸ਼ਕਿਲ ਨਹੀਂ ਆਉਣ ਦਿੱਤੀ ਜਾਵੇਗੀ। ਪੰਜਾਬ ਸਰਕਾਰ ਵੱਲੋਂ ਪੰਜਾਬ ਦੇ ਕਿਸਾਨਾਂ ਦੀ ਭਲਾਈ ਲਈ ਅਨੇਕਾਂ ਯੋਜਨਾਵਾਂ ਚਲਾਈਆਂ ਜਾ ਰਹੀਆਂ ਹਨ ਅਤੇ ਇਨ੍ਹਾਂ ਯੋਜਨਾਵਾਂ ਦਾ ਲਾਭ ਹਰ ਲੋੜਵੰਦ ਤੱਕ ਪਹੁੰਚਾਇਆ ਜਾ ਰਿਹਾ ਹੈ। ਜ਼ਿਲ੍ਹਾ ਪ੍ਰਸ਼ਾਸਨ ਵੱਲੋਂ ਮੰਡੀਆਂ ਵਿੱਚ ਕਣਕ ਦੀ ਖਰੀਦ ਦੇ ਪੁਖਤਾ ਪ੍ਰਬੰਧ ਕੀਤੇ ਗਏ ਹਨ। ਕਿਸਾਨਾਂ ਨੂੰ ਕਿਸੇ ਕਿਸਮ ਦੀ ਮੁਸ਼ਕਿਲ ਨਹੀਂ ਆਉਣ
ਪੰਜਾਬ ਸਰਕਾਰ ਨੇ ਕੇਂਦਰ ਸਰਕਾਰ ਦੇ ਇਸ਼ਾਰੇ ਤੇ ਕਿਸਾਨਾਂ ਦੀ ਪਿੱਠ ਵਿੱਚ ਛੁਰਾ ਮਾਰਿਆ - ਡੱਲੇਵਾਲ
ਸ਼ੰਭੂ ਅਤੇ ਖਨੌਰੀ ਬਾਰਡਰ ਤੋਂ ਪੁਲਿਸ ਨੇ ਕਿਸਾਨਾਂ ਨੂੰ ਹਟਾਇਆ - ਮੋਰਚੇ ਤੋਂ ਕਿਸਾਨਾਂ ਦੀ ਸਰਕਾਰ ਦੇ ਵਿਰੁੱਧ ਨਾਅਰੇਬਾਜ਼ੀ
ਪੰਜਾਬ ਸਰਕਾਰ ਵੱਲੋਂ ਪੰਜਾਬ ਦੇ ਕਿਸਾਨਾਂ ਦੀ ਭਲਾਈ ਲਈ ਅਨੇਕਾਂ ਯੋਜਨਾਵਾਂ ਚਲਾਈਆਂ ਜਾ ਰਹੀਆਂ ਹਨ ਅਤੇ ਇਨ੍ਹਾਂ ਯੋਜਨਾਵਾਂ ਦਾ ਲਾਭ ਹਰ ਲੋੜਵੰਦ ਤੱਕ ਪਹੁੰਚਾਇਆ ਜਾ ਰਿਹਾ ਹੈ। ਜ਼ਿਲ੍ਹਾ ਪ੍ਰਸ਼ਾਸਨ ਵੱਲੋਂ ਮੰਡੀਆਂ ਵਿੱਚ ਕਣਕ ਦੀ ਖਰੀਦ ਦੇ ਪੁਖਤਾ ਪ੍ਰਬੰਧ ਕੀਤੇ ਗਏ ਹਨ। ਕਿਸਾਨਾਂ ਨੂੰ ਕਿਸੇ ਕਿਸਮ ਦੀ ਮੁਸ਼ਕਿਲ ਨਹੀਂ ਆਉਣ ਦਿੱਤੀ ਜਾਵੇਗੀ। ਪੰਜਾਬ ਸਰਕਾਰ ਵੱਲੋਂ ਪੰਜਾਬ ਦੇ ਕਿਸਾਨਾਂ ਦੀ ਭਲਾਈ ਲਈ ਅਨੇਕਾਂ ਯੋਜਨਾਵਾਂ ਚਲਾਈਆਂ ਜਾ ਰਹੀਆਂ ਹਨ ਅਤੇ ਇਨ੍ਹਾਂ ਯੋਜਨਾਵਾਂ ਦਾ ਲਾਭ ਹਰ ਲੋੜਵੰਦ ਤੱਕ ਪਹੁੰਚਾਇਆ ਜਾ ਰਿਹਾ ਹੈ। ਜ਼ਿਲ੍ਹਾ ਪ੍ਰਸ਼ਾਸਨ ਵੱਲੋਂ ਮੰਡੀਆਂ ਵਿੱਚ ਕਣਕ ਦੀ ਖਰੀਦ ਦੇ ਪੁਖਤਾ ਪ੍ਰਬੰਧ ਕੀਤੇ ਗਏ ਹਨ। ਕਿਸਾਨਾਂ ਨੂੰ ਕਿਸੇ ਕਿਸਮ ਦੀ ਮੁਸ਼ਕਿਲ ਨਹੀਂ ਆਉਣ ਦਿੱਤੀ ਜਾਵੇਗੀ। ਪੰਜਾਬ ਸਰਕਾਰ ਵੱਲੋਂ ਪੰਜਾਬ ਦੇ ਕਿਸਾਨਾਂ ਦੀ ਭਲਾਈ ਲਈ ਅਨੇਕਾਂ ਯੋਜਨਾਵਾਂ ਚਲਾਈਆਂ ਜਾ ਰਹੀਆਂ ਹਨ ਅਤੇ ਇਨ੍ਹਾਂ ਯੋਜਨਾਵਾਂ ਦਾ ਲਾਭ ਹਰ ਲੋੜਵੰਦ ਤੱਕ ਪਹੁੰਚਾਇਆ ਜਾ ਰਿਹਾ ਹੈ। ਜ਼ਿਲ੍ਹਾ ਪ੍ਰਸ਼ਾਸਨ ਵੱਲੋਂ ਮੰਡੀਆਂ ਵਿੱਚ ਕਣਕ ਦੀ ਖਰੀਦ ਦੇ ਪੁਖਤਾ ਪ੍ਰਬੰਧ ਕੀਤੇ ਗਏ ਹਨ। ਕਿਸਾਨਾਂ ਨੂੰ ਕਿਸੇ ਕਿਸਮ ਦੀ ਮੁਸ਼ਕਿਲ ਨਹੀਂ ਆਉਣ ਦਿੱਤੀ ਜਾਵੇਗੀ। ਪੰਜਾਬ ਸਰਕਾਰ ਵੱਲੋਂ ਪੰਜਾਬ ਦੇ ਕਿਸਾਨਾਂ ਦੀ ਭਲਾਈ ਲਈ ਅਨੇਕਾਂ ਯੋਜਨਾਵਾਂ ਚਲਾਈਆਂ ਜਾ ਰਹੀਆਂ ਹਨ ਅਤੇ ਇਨ੍ਹਾਂ ਯੋਜਨਾਵਾਂ ਦਾ ਲਾਭ ਹਰ ਲੋੜਵੰਦ ਤੱਕ ਪਹੁੰਚਾਇਆ ਜਾ ਰਿਹਾ ਹੈ। ਜ਼ਿਲ੍ਹਾ ਪ੍ਰਸ਼ਾਸਨ ਵੱਲੋਂ ਮੰਡੀਆਂ ਵਿੱਚ ਕਣਕ ਦੀ ਖਰੀਦ ਦੇ ਪੁਖਤਾ ਪ੍ਰਬੰਧ ਕੀਤੇ ਗਏ ਹਨ। ਕਿਸਾਨਾਂ ਨੂੰ ਕਿਸੇ ਕਿਸਮ ਦੀ ਮੁਸ਼ਕਿਲ ਨਹੀਂ ਆਉਣ ਦਿੱਤੀ ਜਾਵੇਗੀ। ਪੰਜਾਬ ਸਰਕਾਰ ਵੱਲੋਂ ਪੰਜਾਬ ਦੇ ਕਿਸਾਨਾਂ ਦੀ ਭਲਾਈ ਲਈ ਅਨੇਕਾਂ ਯੋਜਨਾਵਾਂ ਚਲਾਈਆਂ ਜਾ ਰਹੀਆਂ ਹਨ ਅਤੇ ਇਨ੍ਹਾਂ ਯੋਜਨਾਵਾਂ ਦਾ ਲਾਭ ਹਰ ਲੋੜਵੰਦ ਤੱਕ ਪਹੁੰਚਾਇਆ ਜਾ ਰਿਹਾ ਹੈ। ਜ਼ਿਲ੍ਹਾ ਪ੍ਰਸ਼ਾਸਨ ਵੱਲੋਂ ਮੰਡੀਆਂ ਵਿੱਚ ਕਣਕ ਦੀ ਖਰੀਦ ਦੇ ਪੁਖਤਾ ਪ੍ਰਬੰਧ ਕੀਤੇ ਗਏ ਹਨ। ਕਿਸਾਨਾਂ ਨੂੰ ਕਿਸੇ ਕਿਸਮ ਦੀ ਮੁਸ਼ਕਿਲ ਨਹੀਂ ਆਉਣ ਦਿੱਤੀ ਜਾਵੇਗੀ। ਪੰਜਾਬ ਸਰਕਾਰ ਵੱਲੋਂ
ਪੰਜਾਬ ਸਰਕਾਰ ਵੱਲੋਂ ਪੰਜਾਬ ਦੇ ਕਿਸਾਨਾਂ ਦੀ ਭਲਾਈ ਲਈ ਅਨੇਕਾਂ ਯੋਜਨਾਵਾਂ ਚਲਾਈਆਂ ਜਾ ਰਹੀਆਂ ਹਨ ਅਤੇ ਇਨ੍ਹਾਂ ਯੋਜਨਾਵਾਂ ਦਾ ਲਾਭ ਹਰ ਲੋੜਵੰਦ ਤੱਕ ਪਹੁੰਚਾਇਆ ਜਾ ਰਿਹਾ ਹੈ। ਜ਼ਿਲ੍ਹਾ ਪ੍ਰਸ਼ਾਸਨ ਵੱਲੋਂ ਮੰਡੀਆਂ ਵਿੱਚ ਕਣਕ ਦੀ ਖਰੀਦ ਦੇ ਪੁਖਤਾ ਪ੍ਰਬੰਧ ਕੀਤੇ ਗਏ ਹਨ। ਕਿਸਾਨਾਂ ਨੂੰ ਕਿਸੇ ਕਿਸਮ ਦੀ ਮੁਸ਼ਕਿਲ ਨਹੀਂ ਆਉਣ ਦਿੱਤੀ ਜਾਵੇਗੀ। ਪੰਜਾਬ ਸਰਕਾਰ ਵੱਲੋਂ ਪੰਜਾਬ ਦੇ ਕਿਸਾਨਾਂ ਦੀ ਭਲਾਈ ਲਈ ਅਨੇਕਾਂ ਯੋਜਨਾਵਾਂ ਚਲਾਈਆਂ ਜਾ ਰਹੀਆਂ ਹਨ ਅਤੇ ਇਨ੍ਹਾਂ ਯੋਜਨਾਵਾਂ ਦਾ ਲਾਭ ਹਰ ਲੋੜਵੰਦ ਤੱਕ ਪਹੁੰਚਾਇਆ ਜਾ ਰਿਹਾ ਹੈ। ਜ਼ਿਲ੍ਹਾ ਪ੍ਰਸ਼ਾਸਨ ਵੱਲੋਂ ਮੰਡੀਆਂ ਵਿੱਚ ਕਣਕ ਦੀ ਖਰੀਦ ਦੇ ਪੁਖਤਾ ਪ੍ਰਬੰਧ ਕੀਤੇ ਗਏ ਹਨ। ਕਿਸਾਨਾਂ ਨੂੰ ਕਿਸੇ ਕਿਸਮ ਦੀ ਮੁਸ਼ਕਿਲ ਨਹੀਂ ਆਉਣ ਦਿੱਤੀ ਜਾਵੇਗੀ। ਪੰਜਾਬ ਸਰਕਾਰ ਵੱਲੋਂ ਪੰਜਾਬ ਦੇ ਕਿਸਾਨਾਂ ਦੀ ਭਲਾਈ ਲਈ ਅਨੇਕਾਂ ਯੋਜਨਾਵਾਂ ਚਲਾਈਆਂ ਜਾ ਰਹੀਆਂ ਹਨ ਅਤੇ ਇਨ੍ਹਾਂ ਯੋਜਨਾਵਾਂ ਦਾ ਲਾਭ ਹਰ ਲੋੜਵੰਦ ਤੱਕ ਪਹੁੰਚਾਇਆ ਜਾ ਰਿਹਾ ਹੈ। ਜ਼ਿਲ੍ਹਾ ਪ੍ਰਸ਼ਾਸਨ ਵੱਲੋਂ ਮੰਡੀਆਂ ਵਿੱਚ ਕਣਕ ਦੀ ਖਰੀਦ ਦੇ ਪੁਖਤਾ ਪ੍ਰਬੰਧ ਕੀਤੇ ਗਏ ਹਨ। ਕਿਸਾਨਾਂ ਨੂੰ ਕਿਸੇ ਕਿਸਮ ਦੀ ਮੁਸ਼ਕਿਲ ਨਹੀਂ ਆਉਣ ਦਿੱਤੀ ਜਾਵੇਗੀ। ਪੰਜਾਬ ਸਰਕਾਰ ਵੱਲੋਂ ਪੰਜਾਬ ਦੇ ਕਿਸਾਨਾਂ ਦੀ ਭਲਾਈ ਲਈ ਅਨੇਕਾਂ ਯੋਜਨਾਵਾਂ ਚਲਾਈਆਂ ਜਾ ਰਹੀਆਂ ਹਨ ਅਤੇ ਇਨ੍ਹਾਂ ਯੋਜਨਾਵਾਂ ਦਾ ਲਾਭ ਹਰ ਲੋੜਵੰਦ ਤੱਕ ਪਹੁੰਚਾਇਆ ਜਾ ਰਿਹਾ ਹੈ। ਜ਼ਿਲ੍ਹਾ ਪ੍ਰਸ਼ਾਸਨ ਵੱਲੋਂ ਮੰਡੀਆਂ ਵਿੱਚ ਕਣਕ ਦੀ ਖਰੀਦ ਦੇ ਪੁਖਤਾ ਪ੍ਰਬੰਧ ਕੀਤੇ ਗਏ ਹਨ। ਕਿਸਾਨਾਂ ਨੂੰ ਕਿਸੇ ਕਿਸਮ ਦੀ ਮੁਸ਼ਕਿਲ ਨਹੀਂ ਆਉਣ ਦਿੱਤੀ ਜਾਵੇਗੀ। ਪੰਜਾਬ ਸਰਕਾਰ ਵੱਲੋਂ ਪੰਜਾਬ ਦੇ ਕਿਸਾਨਾਂ ਦੀ ਭਲਾਈ ਲਈ ਅਨੇਕਾਂ ਯੋਜਨਾਵਾਂ ਚਲਾਈਆਂ ਜਾ ਰਹੀਆਂ ਹਨ ਅਤੇ ਇਨ੍ਹਾਂ ਯੋਜਨਾਵਾਂ ਦਾ ਲਾਭ ਹਰ ਲੋੜਵੰਦ ਤੱਕ ਪਹੁੰਚਾਇਆ ਜਾ ਰਿਹਾ ਹੈ। ਜ਼ਿਲ੍ਹਾ ਪ੍ਰਸ਼ਾਸਨ ਵੱਲੋਂ ਮੰਡੀਆਂ ਵਿੱਚ ਕਣਕ ਦੀ ਖਰੀਦ ਦੇ ਪੁਖਤਾ ਪ੍ਰਬੰਧ ਕੀਤੇ ਗਏ ਹਨ। ਕਿਸਾਨਾਂ ਨੂੰ ਕਿਸੇ ਕਿਸਮ ਦੀ ਮੁਸ਼ਕਿਲ ਨਹੀਂ ਆਉਣ ਦਿੱਤੀ ਜਾਵੇਗੀ। ਪੰਜਾਬ ਸਰਕਾਰ ਵੱਲੋਂ ਪੰਜਾਬ ਦੇ ਕਿਸਾਨਾਂ ਦੀ ਭਲਾਈ ਲਈ ਅਨੇਕਾਂ ਯੋਜਨਾਵਾਂ ਚਲਾਈਆਂ ਜਾ ਰਹੀਆਂ ਹਨ ਅਤੇ ਇਨ੍ਹਾਂ ਯੋਜਨਾਵਾਂ ਦਾ ਲਾਭ ਹਰ ਲੋੜਵੰਦ ਤੱਕ ਪਹੁੰਚਾਇਆ ਜਾ ਰਿਹਾ ਹੈ। ਜ਼ਿਲ੍ਹਾ ਪ੍ਰਸ਼ਾਸਨ ਵੱਲੋਂ ਮੰਡੀਆਂ ਵਿੱਚ ਕਣਕ ਦੀ ਖਰੀਦ ਦੇ ਪੁਖਤਾ ਪ੍ਰਬੰਧ
ਪੰਜਾਬ ਸਰਕਾਰ ਵੱਲੋਂ ਐਸ.ਸੀ.ਬੀ.ਸੀ ਨਵਸਥਾਪਿਤ ਵਿਭਾਗ ਲਈ 80 ਲੱਖ ਰੁਪਏ ਦੀ ਗਰਾਂਟ ਜਾਰੀ - ਡਾ. ਬਲਜੀਤ ਕੌਰ
ਪੰਜਾਬ ਸਰਕਾਰ ਵੱਲੋਂ ਪੰਜਾਬ ਦੇ ਕਿਸਾਨਾਂ ਦੀ ਭਲਾਈ ਲਈ ਅਨੇਕਾਂ ਯੋਜਨਾਵਾਂ ਚਲਾਈਆਂ ਜਾ ਰਹੀਆਂ ਹਨ ਅਤੇ ਇਨ੍ਹਾਂ ਯੋਜਨਾਵਾਂ ਦਾ ਲਾਭ ਹਰ ਲੋੜਵੰਦ ਤੱਕ ਪਹੁੰਚਾਇਆ ਜਾ ਰਿਹਾ ਹੈ। ਜ਼ਿਲ੍ਹਾ ਪ੍ਰਸ਼ਾਸਨ ਵੱਲੋਂ ਮੰਡੀਆਂ ਵਿੱਚ ਕਣਕ ਦੀ ਖਰੀਦ ਦੇ ਪੁਖਤਾ ਪ੍ਰਬੰਧ ਕੀਤੇ ਗਏ ਹਨ। ਕਿਸਾਨਾਂ ਨੂੰ ਕਿਸੇ ਕਿਸਮ ਦੀ ਮੁਸ਼ਕਿਲ ਨਹੀਂ ਆਉਣ ਦਿੱਤੀ ਜਾਵੇਗੀ। ਪੰਜਾਬ ਸਰਕਾਰ ਵੱਲੋਂ ਪੰਜਾਬ ਦੇ ਕਿਸਾਨਾਂ ਦੀ ਭਲਾਈ ਲਈ ਅਨੇਕਾਂ ਯੋਜਨਾਵਾਂ ਚਲਾਈਆਂ ਜਾ ਰਹੀਆਂ ਹਨ ਅਤੇ ਇਨ੍ਹਾਂ ਯੋਜਨਾਵਾਂ ਦਾ ਲਾਭ ਹਰ ਲੋੜਵੰਦ ਤੱਕ ਪਹੁੰਚਾਇਆ ਜਾ ਰਿਹਾ ਹੈ। ਜ਼ਿਲ੍ਹਾ ਪ੍ਰਸ਼ਾਸਨ ਵੱਲੋਂ ਮੰਡੀਆਂ ਵਿੱਚ ਕਣਕ ਦੀ ਖਰੀਦ ਦੇ ਪੁਖਤਾ ਪ੍ਰਬੰਧ ਕੀਤੇ ਗਏ ਹਨ। ਕਿਸਾਨਾਂ ਨੂੰ ਕਿਸੇ ਕਿਸਮ ਦੀ ਮੁਸ਼ਕਿਲ ਨਹੀਂ ਆਉਣ ਦਿੱਤੀ ਜਾਵੇਗੀ। ਪੰਜਾਬ ਸਰਕਾਰ ਵੱਲੋਂ ਪੰਜਾਬ ਦੇ ਕਿਸਾਨਾਂ ਦੀ ਭਲਾਈ ਲਈ ਅਨੇਕਾਂ ਯੋਜਨਾਵਾਂ ਚਲਾਈਆਂ ਜਾ ਰਹੀਆਂ ਹਨ ਅਤੇ ਇਨ੍ਹਾਂ ਯੋਜਨਾਵਾਂ ਦਾ ਲਾਭ ਹਰ ਲੋੜਵੰਦ ਤੱਕ ਪਹੁੰਚਾਇਆ ਜਾ ਰਿਹਾ ਹੈ। ਜ਼ਿਲ੍ਹਾ ਪ੍ਰਸ਼ਾਸਨ ਵੱਲੋਂ ਮੰਡੀਆਂ ਵਿੱਚ ਕਣਕ ਦੀ ਖਰੀਦ ਦੇ ਪੁਖਤਾ ਪ੍ਰਬੰਧ ਕੀਤੇ ਗਏ ਹਨ। ਕਿਸਾਨਾਂ ਨੂੰ ਕਿਸੇ ਕਿਸਮ ਦੀ ਮੁਸ਼ਕਿਲ ਨਹੀਂ ਆਉਣ ਦਿੱਤੀ ਜਾਵੇਗੀ। ਪੰਜਾਬ ਸਰਕਾਰ ਵੱਲੋਂ ਪੰਜਾਬ ਦੇ ਕਿਸਾਨਾਂ ਦੀ ਭਲਾਈ ਲਈ ਅਨੇਕਾਂ ਯੋਜਨਾਵਾਂ ਚਲਾਈਆਂ ਜਾ ਰਹੀਆਂ ਹਨ ਅਤੇ ਇਨ੍ਹਾਂ ਯੋਜਨਾਵਾਂ ਦਾ ਲਾਭ ਹਰ ਲੋੜਵੰਦ ਤੱਕ ਪਹੁੰਚਾਇਆ ਜਾ ਰਿਹਾ ਹੈ। ਜ਼ਿਲ੍ਹਾ ਪ੍ਰਸ਼ਾਸਨ ਵੱਲੋਂ ਮੰਡੀਆਂ ਵਿੱਚ ਕਣਕ ਦੀ ਖਰੀਦ ਦੇ ਪੁਖਤਾ ਪ੍ਰਬੰਧ ਕੀਤੇ ਗਏ ਹਨ। ਕਿਸਾਨਾਂ ਨੂੰ ਕਿਸੇ ਕਿਸਮ ਦੀ ਮੁਸ਼ਕਿਲ ਨਹੀਂ ਆਉਣ ਦਿੱਤੀ ਜਾਵੇਗੀ। ਪੰਜਾਬ ਸਰਕਾਰ ਵੱਲੋਂ ਪੰਜਾਬ ਦੇ ਕਿਸਾਨਾਂ ਦੀ ਭਲਾਈ ਲਈ ਅਨੇਕਾਂ ਯੋਜਨਾਵਾਂ ਚਲਾਈਆਂ ਜਾ ਰਹੀਆਂ ਹਨ ਅਤੇ ਇਨ੍ਹਾਂ ਯੋਜਨਾਵਾਂ ਦਾ ਲਾਭ ਹਰ ਲੋੜਵੰਦ ਤੱਕ ਪਹੁੰਚਾਇਆ ਜਾ ਰਿਹਾ ਹੈ। ਜ਼ਿਲ੍ਹਾ ਪ੍ਰਸ਼ਾਸਨ ਵੱਲੋਂ ਮੰਡੀਆਂ ਵਿੱਚ ਕਣਕ ਦੀ ਖਰੀਦ ਦੇ ਪੁਖਤਾ ਪ੍ਰਬੰਧ ਕੀਤੇ ਗਏ ਹਨ। ਕਿਸਾਨਾਂ ਨੂੰ ਕਿਸੇ ਕਿਸਮ ਦੀ ਮੁਸ਼ਕਿਲ ਨਹੀਂ ਆਉਣ ਦਿੱਤੀ ਜਾਵੇਗੀ। ਪੰਜਾਬ ਸਰਕਾਰ ਵੱਲੋਂ ਪੰਜਾਬ ਦੇ ਕਿਸਾਨਾਂ ਦੀ ਭਲਾਈ ਲਈ ਅਨੇਕਾਂ ਯੋਜਨਾਵਾਂ ਚਲਾਈਆਂ ਜਾ ਰਹੀਆਂ ਹਨ ਅਤੇ ਇਨ੍ਹਾਂ ਯੋਜਨਾਵਾਂ ਦਾ ਲਾਭ ਹਰ ਲੋੜਵੰਦ ਤੱਕ ਪਹੁੰਚਾਇਆ ਜਾ ਰਿਹਾ ਹੈ। ਜ਼ਿਲ੍ਹਾ ਪ੍ਰਸ਼ਾਸਨ ਵੱਲੋਂ ਮੰਡੀਆਂ ਵਿੱਚ ਕਣਕ ਦੀ ਖਰੀਦ ਦੇ ਪੁਖਤਾ ਪ੍ਰਬੰਧ ਕੀਤੇ ਗਏ ਹਨ। ਕਿਸਾਨਾਂ ਨੂੰ ਕਿਸੇ ਕਿਸਮ ਦੀ ਮੁਸ਼ਕਿਲ ਨਹੀਂ ਆਉਣ ਦਿੱਤੀ ਜਾਵੇਗੀ।
ਪੰਜਾਬ ਸਰਕਾਰ ਵੱਲੋਂ ਪੰਜਾਬ ਦੇ ਕਿਸਾਨਾਂ ਦੀ ਭਲਾਈ ਲਈ ਅਨੇਕਾਂ ਯੋਜਨਾਵਾਂ ਚਲਾਈਆਂ ਜਾ ਰਹੀਆਂ ਹਨ ਅਤੇ ਇਨ੍ਹਾਂ ਯੋਜਨਾਵਾਂ ਦਾ ਲਾਭ ਹਰ ਲੋੜਵੰਦ ਤੱਕ ਪਹੁੰਚਾਇਆ ਜਾ ਰਿਹਾ ਹੈ। ਜ਼ਿਲ੍ਹਾ ਪ੍ਰਸ਼ਾਸਨ ਵੱਲੋਂ ਮੰਡੀਆਂ ਵਿੱਚ ਕਣਕ ਦੀ ਖਰੀਦ ਦੇ ਪੁਖਤਾ ਪ੍ਰਬੰਧ ਕੀਤੇ ਗਏ ਹਨ। ਕਿਸਾਨਾਂ ਨੂੰ ਕਿਸੇ ਕਿਸਮ ਦੀ ਮੁਸ਼ਕਿਲ ਨਹੀਂ ਆਉਣ ਦਿੱਤੀ ਜਾਵੇਗੀ। ਪੰਜਾਬ ਸਰਕਾਰ ਵੱਲੋਂ ਪੰਜਾਬ ਦੇ ਕਿਸਾਨਾਂ ਦੀ ਭਲਾਈ ਲਈ ਅਨੇਕਾਂ ਯੋਜਨਾਵਾਂ ਚਲਾਈਆਂ ਜਾ ਰਹੀਆਂ ਹਨ ਅਤੇ ਇਨ੍ਹਾਂ ਯੋਜਨਾਵਾਂ ਦਾ ਲਾਭ ਹਰ ਲੋੜਵੰਦ ਤੱਕ ਪਹੁੰਚਾਇਆ ਜਾ ਰਿਹਾ ਹੈ। ਜ਼ਿਲ੍ਹਾ ਪ੍ਰਸ਼ਾਸਨ ਵੱਲੋਂ ਮੰਡੀਆਂ ਵਿੱਚ ਕਣਕ ਦੀ ਖਰੀਦ ਦੇ ਪੁਖਤਾ ਪ੍ਰਬੰਧ ਕੀਤੇ ਗਏ ਹਨ। ਕਿਸਾਨਾਂ ਨੂੰ ਕਿਸੇ ਕਿਸਮ ਦੀ ਮੁਸ਼ਕਿਲ ਨਹੀਂ ਆਉਣ ਦਿੱਤੀ ਜਾਵੇਗੀ। ਪੰਜਾਬ ਸਰਕਾਰ ਵੱਲੋਂ ਪੰਜਾਬ ਦੇ ਕਿਸਾਨਾਂ ਦੀ ਭਲਾਈ ਲਈ ਅਨੇਕਾਂ ਯੋਜਨਾਵਾਂ ਚਲਾਈਆਂ ਜਾ ਰਹੀਆਂ ਹਨ ਅਤੇ ਇਨ੍ਹਾਂ ਯੋਜਨਾਵਾਂ ਦਾ ਲਾਭ ਹਰ ਲੋੜਵੰਦ ਤੱਕ ਪਹੁੰਚਾਇਆ ਜਾ ਰਿਹਾ ਹੈ। ਜ਼ਿਲ੍ਹਾ ਪ੍ਰਸ਼ਾਸਨ ਵੱਲੋਂ ਮੰਡੀਆਂ ਵਿੱਚ ਕਣਕ ਦੀ ਖਰੀਦ ਦੇ ਪੁਖਤਾ ਪ੍ਰਬੰਧ ਕੀਤੇ ਗਏ ਹਨ। ਕਿਸਾਨਾਂ ਨੂੰ ਕਿਸੇ ਕਿਸਮ ਦੀ ਮੁਸ਼ਕਿਲ ਨਹੀਂ ਆਉਣ ਦਿੱਤੀ ਜਾਵੇਗੀ। ਪੰਜਾਬ ਸਰਕਾਰ ਵੱਲੋਂ ਪੰਜਾਬ ਦੇ ਕਿਸਾਨਾਂ ਦੀ ਭਲਾਈ ਲਈ ਅਨੇਕਾਂ ਯੋਜਨਾਵਾਂ ਚਲਾਈਆਂ ਜਾ ਰਹੀਆਂ ਹਨ ਅਤੇ ਇਨ੍ਹਾਂ ਯੋਜਨਾਵਾਂ ਦਾ ਲਾਭ ਹਰ ਲੋੜਵੰਦ ਤੱਕ ਪਹੁੰਚਾਇਆ ਜਾ ਰਿਹਾ ਹੈ। ਜ਼ਿਲ੍ਹਾ ਪ੍ਰਸ਼ਾਸਨ ਵੱਲੋਂ ਮੰਡੀਆਂ ਵਿੱਚ ਕਣਕ ਦੀ ਖਰੀਦ ਦੇ ਪੁਖਤਾ ਪ੍ਰਬੰਧ ਕੀਤੇ ਗਏ ਹਨ। ਕਿਸਾਨਾਂ ਨੂੰ ਕਿਸੇ ਕਿਸਮ ਦੀ ਮੁਸ਼ਕਿਲ ਨਹੀਂ
ਪੰਜਾਬ ਸਰਕਾਰ ਵੱਲੋਂ ਪੰਜਾਬ ਦੇ ਕਿਸਾਨਾਂ ਦੀ ਭਲਾਈ ਲਈ ਅਨੇਕਾਂ ਯੋਜਨਾਵਾਂ ਚਲਾਈਆਂ ਜਾ ਰਹੀਆਂ ਹਨ ਅਤੇ ਇਨ੍ਹਾਂ ਯੋਜਨਾਵਾਂ ਦਾ ਲਾਭ ਹਰ ਲੋੜਵੰਦ ਤੱਕ ਪਹੁੰਚਾਇਆ ਜਾ ਰਿਹਾ ਹੈ। ਜ਼ਿਲ੍ਹਾ ਪ੍ਰਸ਼ਾਸਨ ਵੱਲੋਂ ਮੰਡੀਆਂ ਵਿੱਚ ਕਣਕ ਦੀ ਖਰੀਦ ਦੇ ਪੁਖਤਾ ਪ੍ਰਬੰਧ ਕੀਤੇ ਗਏ ਹਨ। ਕਿਸਾਨਾਂ ਨੂੰ ਕਿਸੇ ਕਿਸਮ ਦੀ ਮੁਸ਼ਕਿਲ ਨਹੀਂ ਆਉਣ ਦਿੱਤੀ ਜਾਵੇਗੀ। ਪੰਜਾਬ ਸਰਕਾਰ ਵੱਲੋਂ ਪੰਜਾਬ ਦੇ ਕਿਸਾਨਾਂ ਦੀ ਭਲਾਈ ਲਈ ਅਨੇਕਾਂ ਯੋਜਨਾਵਾਂ ਚਲਾਈਆਂ ਜਾ ਰਹੀਆਂ ਹਨ ਅਤੇ ਇਨ੍ਹਾਂ ਯੋਜਨਾਵਾਂ ਦਾ ਲਾਭ ਹਰ ਲੋੜਵੰਦ ਤੱਕ ਪਹੁੰਚਾਇਆ ਜਾ ਰਿਹਾ ਹੈ। ਜ਼ਿਲ੍ਹਾ ਪ੍ਰਸ਼ਾਸਨ ਵੱਲੋਂ ਮੰਡੀਆਂ ਵਿੱਚ ਕਣਕ ਦੀ ਖਰੀਦ ਦੇ ਪੁਖਤਾ ਪ੍ਰਬੰਧ ਕੀਤੇ ਗਏ ਹਨ। ਕਿਸਾਨਾਂ ਨੂੰ ਕਿਸੇ ਕਿਸਮ ਦੀ ਮੁਸ਼ਕਿਲ ਨਹੀਂ ਆਉਣ ਦਿੱਤੀ ਜਾਵੇਗੀ। ਪੰਜਾਬ ਸਰਕਾਰ ਵੱਲੋਂ ਪੰਜਾਬ ਦੇ ਕਿਸਾਨਾਂ ਦੀ ਭਲਾਈ ਲਈ ਅਨੇਕਾਂ ਯੋਜਨਾਵਾਂ ਚਲਾਈਆਂ ਜਾ ਰਹੀਆਂ ਹਨ ਅਤੇ ਇਨ੍ਹਾਂ ਯੋਜਨਾਵਾਂ ਦਾ ਲਾਭ ਹਰ ਲੋੜਵੰਦ ਤੱਕ ਪਹੁੰਚਾਇਆ ਜਾ ਰਿਹਾ ਹੈ। ਜ਼ਿਲ੍ਹਾ ਪ੍ਰਸ਼ਾਸਨ ਵੱਲੋਂ ਮੰਡੀਆਂ ਵਿੱਚ ਕਣਕ ਦੀ ਖਰੀਦ ਦੇ ਪੁਖਤਾ ਪ੍ਰਬੰਧ ਕੀਤੇ ਗਏ ਹਨ। ਕਿਸਾਨਾਂ ਨੂੰ ਕਿਸੇ ਕਿਸਮ ਦੀ ਮੁਸ਼ਕਿਲ ਨਹੀਂ ਆਉਣ ਦਿੱਤੀ ਜਾਵੇਗੀ। ਪੰਜਾਬ ਸਰਕਾਰ ਵੱਲੋਂ ਪੰਜਾਬ ਦੇ ਕਿਸਾਨਾਂ ਦੀ ਭਲਾਈ ਲਈ ਅਨੇਕਾਂ ਯੋਜਨਾਵਾਂ ਚਲਾਈਆਂ ਜਾ ਰਹੀਆਂ ਹਨ ਅਤੇ ਇਨ੍ਹਾਂ ਯੋਜਨਾਵਾਂ ਦਾ ਲਾਭ ਹਰ ਲੋੜਵੰਦ ਤੱਕ ਪਹੁੰਚਾਇਆ ਜਾ ਰਿਹਾ ਹੈ। ਜ਼ਿਲ੍ਹਾ ਪ੍ਰਸ਼ਾਸਨ ਵੱਲੋਂ ਮੰਡੀਆਂ ਵਿੱਚ ਕਣਕ ਦੀ ਖਰੀਦ ਦੇ ਪੁਖਤਾ ਪ੍ਰਬੰਧ ਕੀਤੇ ਗਏ ਹਨ। ਕਿਸਾਨਾਂ ਨੂੰ ਕਿਸੇ ਕਿਸਮ ਦੀ ਮੁਸ਼ਕਿਲ ਨਹੀਂ ਆਉਣ ਦਿੱਤੀ ਜਾਵੇਗੀ। ਪੰਜਾਬ ਸਰਕਾਰ ਵੱਲੋਂ ਪੰਜਾਬ ਦੇ ਕਿਸਾਨਾਂ ਦੀ ਭਲਾਈ ਲਈ ਅਨੇਕਾਂ ਯੋਜਨਾਵਾਂ ਚਲਾਈਆਂ ਜਾ ਰਹੀਆਂ ਹਨ ਅਤੇ ਇਨ੍ਹਾਂ ਯੋਜਨਾਵਾਂ ਦਾ ਲਾਭ ਹਰ ਲੋੜਵੰਦ ਤੱਕ ਪਹੁੰਚਾਇਆ ਜਾ ਰਿਹਾ ਹੈ। ਜ਼ਿਲ੍ਹਾ ਪ੍ਰਸ਼ਾਸਨ ਵੱਲੋਂ ਮੰਡੀਆਂ ਵਿੱਚ ਕਣਕ ਦੀ ਖਰੀਦ ਦੇ ਪੁਖਤਾ ਪ੍ਰਬੰਧ ਕੀਤੇ ਗਏ ਹਨ। ਕਿਸਾਨਾਂ ਨੂੰ ਕਿਸੇ ਕਿਸਮ ਦੀ ਮੁਸ਼ਕਿਲ ਨਹੀਂ ਆਉਣ ਦਿੱਤੀ ਜਾਵੇਗੀ। ਪੰਜਾਬ ਸਰਕਾਰ ਵੱਲੋਂ ਪੰਜਾਬ ਦੇ ਕਿਸਾਨਾਂ ਦੀ ਭਲਾਈ ਲਈ ਅਨੇਕਾਂ ਯੋਜਨਾਵਾਂ ਚਲਾਈਆਂ ਜਾ ਰਹੀਆਂ ਹਨ ਅਤੇ ਇਨ੍ਹਾਂ ਯੋਜਨਾਵਾਂ ਦਾ ਲਾਭ ਹਰ ਲੋੜਵੰਦ ਤੱਕ ਪਹੁੰਚਾਇਆ ਜਾ ਰਿਹਾ ਹੈ। ਜ਼ਿਲ੍ਹਾ ਪ੍ਰਸ਼ਾਸਨ ਵੱਲੋਂ ਮੰਡੀਆਂ ਵਿੱਚ ਕਣਕ ਦੀ ਖਰੀਦ ਦੇ ਪੁਖਤਾ ਪ੍ਰਬੰਧ ਕੀਤੇ ਗਏ ਹਨ। ਕਿਸਾਨਾਂ ਨੂੰ ਕਿਸੇ ਕਿਸਮ ਦੀ ਮੁਸ਼ਕਿਲ ਨਹੀਂ ਆਉਣ ਦਿੱਤੀ ਜਾਵੇਗੀ।
ਮਨਰੇਗਾ ਸਕੀਮ ਤਹਿਤ ਪਿੰਡ ਨੂੰ 1.71 ਕਰੋੜ ਦੀ ਲਾਗਤ ਨਾਲ ਵਿਕਾਸ ਕੰਮ ਕਰਵਾਏ ਜਾਣਗੇ - ਡਾ. ਬਲਜੀਤ ਕੌਰ
ਪੰਜਾਬ ਸਰਕਾਰ ਵੱਲੋਂ ਪੰਜਾਬ ਦੇ ਕਿਸਾਨਾਂ ਦੀ ਭਲਾਈ ਲਈ ਅਨੇਕਾਂ ਯੋਜਨਾਵਾਂ ਚਲਾਈਆਂ ਜਾ ਰਹੀਆਂ ਹਨ ਅਤੇ ਇਨ੍ਹਾਂ ਯੋਜਨਾਵਾਂ ਦਾ ਲਾਭ ਹਰ ਲੋੜਵੰਦ ਤੱਕ ਪਹੁੰਚਾਇਆ ਜਾ ਰਿਹਾ ਹੈ। ਜ਼ਿਲ੍ਹਾ ਪ੍ਰਸ਼ਾਸਨ ਵੱਲੋਂ ਮੰਡੀਆਂ ਵਿੱਚ ਕਣਕ ਦੀ ਖਰੀਦ ਦੇ ਪੁਖਤਾ ਪ੍ਰਬੰਧ ਕੀਤੇ ਗਏ ਹਨ। ਕਿਸਾਨਾਂ ਨੂੰ ਕਿਸੇ ਕਿਸਮ ਦੀ ਮੁਸ਼ਕਿਲ ਨਹੀਂ ਆਉਣ ਦਿੱਤੀ ਜਾਵੇਗੀ। ਪੰਜਾਬ ਸਰਕਾਰ ਵੱਲੋਂ ਪੰਜਾਬ ਦੇ ਕਿਸਾਨਾਂ ਦੀ ਭਲਾਈ ਲਈ ਅਨੇਕਾਂ ਯੋਜਨਾਵਾਂ ਚਲਾਈਆਂ ਜਾ ਰਹੀਆਂ ਹਨ ਅਤੇ ਇਨ੍ਹਾਂ ਯੋਜਨਾਵਾਂ ਦਾ ਲਾਭ ਹਰ ਲੋੜਵੰਦ ਤੱਕ ਪਹੁੰਚਾਇਆ ਜਾ ਰਿਹਾ ਹੈ। ਜ਼ਿਲ੍ਹਾ ਪ੍ਰਸ਼ਾਸਨ ਵੱਲੋਂ ਮੰਡੀਆਂ ਵਿੱਚ ਕਣਕ ਦੀ ਖਰੀਦ ਦੇ ਪੁਖਤਾ ਪ੍ਰਬੰਧ ਕੀਤੇ ਗਏ ਹਨ। ਕਿਸਾਨਾਂ ਨੂੰ ਕਿਸੇ ਕਿਸਮ ਦੀ ਮੁਸ਼ਕਿਲ ਨਹੀਂ ਆਉਣ ਦਿੱਤੀ ਜਾਵੇਗੀ। ਪੰਜਾਬ ਸਰਕਾਰ ਵੱਲੋਂ ਪੰਜਾਬ ਦੇ ਕਿਸਾਨਾਂ ਦੀ ਭਲਾਈ ਲਈ ਅਨੇਕਾਂ ਯੋਜਨਾਵਾਂ ਚਲਾਈਆਂ ਜਾ ਰਹੀਆਂ ਹਨ ਅਤੇ ਇਨ੍ਹਾਂ ਯੋਜਨਾਵਾਂ ਦਾ ਲਾਭ ਹਰ ਲੋੜਵੰਦ ਤੱਕ ਪਹੁੰਚਾਇਆ ਜਾ ਰਿਹਾ ਹੈ। ਜ਼ਿਲ੍ਹਾ ਪ੍ਰਸ਼ਾਸਨ ਵੱਲੋਂ ਮੰਡੀਆਂ ਵਿੱਚ ਕਣਕ ਦੀ ਖਰੀਦ ਦੇ ਪੁਖਤਾ ਪ੍ਰਬੰਧ ਕੀਤੇ ਗਏ ਹਨ। ਕਿਸਾਨਾਂ ਨੂੰ ਕਿਸੇ ਕਿਸਮ ਦੀ ਮੁਸ਼ਕਿਲ ਨਹੀਂ ਆਉਣ ਦਿੱਤੀ ਜਾਵੇਗੀ। ਪੰਜਾਬ ਸਰਕਾਰ ਵੱਲੋਂ ਪੰਜਾਬ ਦੇ ਕਿਸਾਨਾਂ ਦੀ ਭਲਾਈ ਲਈ ਅਨੇਕਾਂ ਯੋਜਨਾਵਾਂ ਚਲਾਈਆਂ ਜਾ ਰਹੀਆਂ ਹਨ ਅਤੇ ਇਨ੍ਹਾਂ ਯੋਜਨਾਵਾਂ ਦਾ ਲਾਭ ਹਰ ਲੋੜਵੰਦ ਤੱਕ ਪਹੁੰਚਾਇਆ ਜਾ ਰਿਹਾ ਹੈ। ਜ਼ਿਲ੍ਹਾ ਪ੍ਰਸ਼ਾਸਨ ਵੱਲੋਂ ਮੰਡੀਆਂ ਵਿੱਚ ਕਣਕ ਦੀ ਖਰੀਦ ਦੇ ਪੁਖਤਾ ਪ੍ਰਬੰਧ ਕੀਤੇ ਗਏ ਹਨ। ਕਿਸਾਨਾਂ ਨੂੰ ਕਿਸੇ ਕਿਸਮ ਦੀ ਮੁਸ਼ਕਿਲ ਨਹੀਂ ਆਉਣ ਦਿੱਤੀ ਜਾਵੇਗੀ। ਪੰਜਾਬ ਸਰਕਾਰ ਵੱਲੋਂ ਪੰਜਾਬ ਦੇ ਕਿਸਾਨਾਂ ਦੀ ਭਲਾਈ ਲਈ ਅਨੇਕਾਂ ਯੋਜਨਾਵਾਂ ਚਲਾਈਆਂ ਜਾ ਰਹੀਆਂ ਹਨ ਅਤੇ ਇਨ੍ਹਾਂ ਯੋਜਨਾਵਾਂ ਦਾ ਲਾਭ ਹਰ ਲੋੜਵੰਦ ਤੱਕ ਪਹੁੰਚਾਇਆ ਜਾ ਰਿਹਾ ਹੈ। ਜ਼ਿਲ੍ਹਾ ਪ੍ਰਸ਼ਾਸਨ ਵੱਲੋਂ ਮੰਡੀਆਂ ਵਿੱਚ ਕਣਕ ਦੀ ਖਰੀਦ ਦੇ ਪੁਖਤਾ ਪ੍ਰਬੰਧ ਕੀਤੇ ਗਏ ਹਨ। ਕਿਸਾਨਾਂ ਨੂੰ ਕਿਸੇ ਕਿਸਮ ਦੀ ਮੁਸ਼ਕਿਲ ਨਹੀਂ ਆਉਣ ਦਿੱਤੀ ਜਾਵੇਗੀ। ਪੰਜਾਬ ਸਰਕਾਰ ਵੱਲੋਂ ਪੰਜਾਬ ਦੇ ਕਿਸਾਨਾਂ ਦੀ ਭਲਾਈ ਲਈ ਅਨੇਕਾਂ ਯੋਜਨਾਵਾਂ ਚਲਾਈਆਂ ਜਾ ਰਹੀਆਂ ਹਨ ਅਤੇ ਇਨ੍ਹਾਂ ਯੋਜਨਾਵਾਂ ਦਾ ਲਾਭ ਹਰ ਲੋੜਵੰਦ ਤੱਕ ਪਹੁੰਚਾਇਆ ਜਾ ਰਿਹਾ ਹੈ। ਜ਼ਿਲ੍ਹਾ ਪ੍ਰਸ਼ਾਸਨ ਵੱਲੋਂ ਮੰਡੀਆਂ ਵਿੱਚ ਕਣਕ ਦੀ ਖਰੀਦ ਦੇ ਪੁਖਤਾ ਪ੍ਰਬੰਧ ਕੀਤੇ ਗਏ ਹਨ। ਕਿਸਾਨਾਂ ਨੂੰ ਕਿਸੇ ਕਿਸਮ ਦੀ ਮੁਸ਼ਕਿਲ ਨਹੀਂ ਆਉਣ ਦਿੱਤੀ ਜਾਵੇਗੀ।
ਪੰਜਾਬ ਸਰਕਾਰ ਵੱਲੋਂ ਪੰਜਾਬ ਦੇ ਕਿਸਾਨਾਂ ਦੀ ਭਲਾਈ ਲਈ ਅਨੇਕਾਂ ਯੋਜਨਾਵਾਂ ਚਲਾਈਆਂ ਜਾ ਰਹੀਆਂ ਹਨ ਅਤੇ ਇਨ੍ਹਾਂ ਯੋਜਨਾਵਾਂ ਦਾ ਲਾਭ ਹਰ ਲੋੜਵੰਦ ਤੱਕ ਪਹੁੰਚਾਇਆ ਜਾ ਰਿਹਾ ਹੈ। ਜ਼ਿਲ੍ਹਾ ਪ੍ਰਸ਼ਾਸਨ ਵੱਲੋਂ ਮੰਡੀਆਂ ਵਿੱਚ ਕਣਕ ਦੀ ਖਰੀਦ ਦੇ ਪੁਖਤਾ ਪ੍ਰਬੰਧ ਕੀਤੇ ਗਏ ਹਨ। ਕਿਸਾਨਾਂ ਨੂੰ ਕਿਸੇ ਕਿਸਮ ਦੀ ਮੁਸ਼ਕਿਲ ਨਹੀਂ ਆਉਣ ਦਿੱਤੀ ਜਾਵੇਗੀ। ਪੰਜਾਬ ਸਰਕਾਰ ਵੱਲੋਂ ਪੰਜਾਬ ਦੇ ਕਿਸਾਨਾਂ ਦੀ ਭਲਾਈ ਲਈ ਅਨੇਕਾਂ ਯੋਜਨਾਵਾਂ ਚਲਾਈਆਂ ਜਾ ਰਹੀਆਂ ਹਨ ਅਤੇ ਇਨ੍ਹਾਂ ਯੋਜਨਾਵਾਂ ਦਾ ਲਾਭ ਹਰ ਲੋੜਵੰਦ ਤੱਕ ਪਹੁੰਚਾਇਆ ਜਾ ਰਿਹਾ ਹੈ। ਜ਼ਿਲ੍ਹਾ ਪ੍ਰਸ਼ਾਸਨ ਵੱਲੋਂ ਮੰਡੀਆਂ ਵਿੱਚ ਕਣਕ ਦੀ ਖਰੀਦ ਦੇ ਪੁਖਤਾ ਪ੍ਰਬੰਧ ਕੀਤੇ ਗਏ ਹਨ। ਕਿਸਾਨਾਂ ਨੂੰ ਕਿਸੇ ਕਿਸਮ ਦੀ ਮੁਸ਼ਕਿਲ ਨਹੀਂ ਆਉਣ ਦਿੱਤੀ ਜਾਵੇਗੀ। ਪੰਜਾਬ ਸਰਕਾਰ ਵੱਲੋਂ ਪੰਜਾਬ ਦੇ ਕਿਸਾਨਾਂ ਦੀ ਭਲਾਈ ਲਈ ਅਨੇਕਾਂ ਯੋਜਨਾਵਾਂ ਚਲਾਈਆਂ ਜਾ ਰਹੀਆਂ ਹਨ ਅਤੇ ਇਨ੍ਹਾਂ ਯੋਜਨਾਵਾਂ ਦਾ ਲਾਭ ਹਰ ਲੋੜਵੰਦ ਤੱਕ ਪਹੁੰਚਾਇਆ ਜਾ ਰਿਹਾ ਹੈ। ਜ਼ਿਲ੍ਹਾ ਪ੍ਰਸ਼ਾਸਨ ਵੱਲੋਂ ਮੰਡੀਆਂ ਵਿੱਚ ਕਣਕ ਦੀ ਖਰੀਦ ਦੇ ਪੁਖਤਾ ਪ੍ਰਬੰਧ ਕੀਤੇ ਗਏ ਹਨ। ਕਿਸਾਨਾਂ ਨੂੰ ਕਿਸੇ ਕਿਸਮ ਦੀ ਮੁਸ਼ਕਿਲ ਨਹੀਂ ਆਉਣ ਦਿੱਤੀ ਜਾਵੇਗੀ। ਪੰਜਾਬ ਸਰਕਾਰ ਵੱਲੋਂ ਪੰਜਾਬ ਦੇ ਕਿਸਾਨਾਂ ਦੀ ਭਲਾਈ ਲਈ ਅਨੇਕਾਂ ਯੋਜਨਾਵਾਂ ਚਲਾਈਆਂ ਜਾ ਰਹੀਆਂ ਹਨ ਅਤੇ ਇਨ੍ਹਾਂ ਯੋਜਨਾਵਾਂ ਦਾ ਲਾਭ ਹਰ ਲੋੜਵੰਦ ਤੱਕ ਪਹੁੰਚਾਇਆ ਜਾ ਰਿਹਾ ਹੈ। ਜ਼ਿਲ੍ਹਾ ਪ੍ਰਸ਼ਾਸਨ ਵੱਲੋਂ ਮੰਡੀਆਂ ਵਿੱਚ ਕਣਕ ਦੀ ਖਰੀਦ ਦੇ ਪੁਖਤਾ ਪ੍ਰਬੰਧ ਕੀਤੇ ਗਏ ਹਨ। ਕਿਸਾਨਾਂ ਨੂੰ ਕਿਸੇ ਕਿਸਮ ਦੀ ਮੁਸ਼ਕਿਲ ਨਹੀਂ ਆਉਣ ਦਿੱਤੀ ਜਾਵੇਗੀ। ਪੰਜਾਬ ਸਰਕਾਰ ਵੱਲੋਂ ਪੰਜਾਬ ਦੇ ਕਿਸਾਨਾਂ ਦੀ ਭਲਾਈ ਲਈ ਅਨੇਕਾਂ ਯੋਜਨਾਵਾਂ ਚਲਾਈਆਂ ਜਾ ਰਹੀਆਂ ਹਨ ਅਤੇ ਇਨ੍ਹਾਂ ਯੋਜਨਾਵਾਂ ਦਾ ਲਾਭ ਹਰ ਲੋੜਵੰਦ ਤੱਕ ਪਹੁੰਚਾਇਆ ਜਾ ਰਿਹਾ ਹੈ। ਜ਼ਿਲ੍ਹਾ ਪ੍ਰਸ਼ਾਸਨ ਵੱਲੋਂ ਮੰਡੀਆਂ ਵਿੱਚ ਕਣਕ ਦੀ ਖਰੀਦ ਦੇ ਪੁਖਤਾ ਪ੍ਰਬੰਧ ਕੀਤੇ ਗਏ
ਪੰਜਾਬ ਸਰਕਾਰ ਵੱਲੋਂ ਪੰਜਾਬ ਦੇ ਕਿਸਾਨਾਂ ਦੀ ਭਲਾਈ ਲਈ ਅਨੇਕਾਂ ਯੋਜਨਾਵਾਂ ਚਲਾਈਆਂ ਜਾ ਰਹੀਆਂ ਹਨ ਅਤੇ ਇਨ੍ਹਾਂ ਯੋਜਨਾਵਾਂ ਦਾ ਲਾਭ ਹਰ ਲੋੜਵੰਦ ਤੱਕ ਪਹੁੰਚਾਇਆ ਜਾ ਰਿਹਾ ਹੈ। ਜ਼ਿਲ੍ਹਾ ਪ੍ਰਸ਼ਾਸਨ ਵੱਲੋਂ ਮੰਡੀਆਂ ਵਿੱਚ ਕਣਕ ਦੀ ਖਰੀਦ ਦੇ ਪੁਖਤਾ ਪ੍ਰਬੰਧ ਕੀਤੇ ਗਏ ਹਨ। ਕਿਸਾਨਾਂ ਨੂੰ ਕਿਸੇ ਕਿਸਮ ਦੀ ਮੁਸ਼ਕਿਲ ਨਹੀਂ ਆਉਣ ਦਿੱਤੀ ਜਾਵੇਗੀ। ਪੰਜਾਬ ਸਰਕਾਰ ਵੱਲੋਂ ਪੰਜਾਬ ਦੇ ਕਿਸਾਨਾਂ ਦੀ ਭਲਾਈ ਲਈ ਅਨੇਕਾਂ ਯੋਜਨਾਵਾਂ ਚਲਾਈਆਂ ਜਾ ਰਹੀਆਂ ਹਨ ਅਤੇ ਇਨ੍ਹਾਂ ਯੋਜਨਾਵਾਂ ਦਾ ਲਾਭ ਹਰ ਲੋੜਵੰਦ ਤੱਕ ਪਹੁੰਚਾਇਆ ਜਾ ਰਿਹਾ ਹੈ। ਜ਼ਿਲ੍ਹਾ ਪ੍ਰਸ਼ਾਸਨ ਵੱਲੋਂ ਮੰਡੀਆਂ ਵਿੱਚ ਕਣਕ ਦੀ ਖਰੀਦ ਦੇ ਪੁਖਤਾ ਪ੍ਰਬੰਧ ਕੀਤੇ ਗਏ ਹਨ। ਕਿਸਾਨਾਂ ਨੂੰ ਕਿਸੇ ਕਿਸਮ ਦੀ ਮੁਸ਼ਕਿਲ ਨਹੀਂ ਆਉਣ ਦਿੱਤੀ ਜਾਵੇਗੀ। ਪੰਜਾਬ ਸਰਕਾਰ ਵੱਲੋਂ ਪੰਜਾਬ ਦੇ ਕਿਸਾਨਾਂ ਦੀ ਭਲਾਈ ਲਈ ਅਨੇਕਾਂ ਯੋਜਨਾਵਾਂ ਚਲਾਈਆਂ ਜਾ ਰਹੀਆਂ ਹਨ ਅਤੇ ਇਨ੍ਹਾਂ ਯੋਜਨਾਵਾਂ ਦਾ ਲਾਭ ਹਰ ਲੋੜਵੰਦ ਤੱਕ ਪਹੁੰਚਾਇਆ ਜਾ ਰਿਹਾ ਹੈ। ਜ਼ਿਲ੍ਹਾ ਪ੍ਰਸ਼ਾਸਨ ਵੱਲੋਂ ਮੰਡੀਆਂ ਵਿੱਚ ਕਣਕ ਦੀ ਖਰੀਦ ਦੇ ਪੁਖਤਾ ਪ੍ਰਬੰਧ ਕੀਤੇ ਗਏ ਹਨ। ਕਿਸਾਨਾਂ ਨੂੰ ਕਿਸੇ ਕਿਸਮ ਦੀ ਮੁਸ਼ਕਿਲ ਨਹੀਂ ਆਉਣ ਦਿੱਤੀ ਜਾਵੇਗੀ। ਪੰਜਾਬ ਸਰਕਾਰ ਵੱਲੋਂ ਪੰਜਾਬ ਦੇ
ਲਾਇਆ ਇਸ਼ਤਿਹਾਰ ਵੈਨ ਰਵਾਨਾ ਕਰਕੇ ਦਿੱਤਾ ਜਿਮਨਾਸਟਿਕ ਦਾ ਸੁਨੇਹਾ
ਪੰਜਾਬ ਸਰਕਾਰ ਵੱਲੋਂ ਪੰਜਾਬ ਦੇ ਕਿਸਾਨਾਂ ਦੀ ਭਲਾਈ ਲਈ ਅਨੇਕਾਂ ਯੋਜਨਾਵਾਂ ਚਲਾਈਆਂ ਜਾ ਰਹੀਆਂ ਹਨ ਅਤੇ ਇਨ੍ਹਾਂ ਯੋਜਨਾਵਾਂ ਦਾ ਲਾਭ ਹਰ ਲੋੜਵੰਦ ਤੱਕ ਪਹੁੰਚਾਇਆ ਜਾ ਰਿਹਾ ਹੈ। ਜ਼ਿਲ੍ਹਾ ਪ੍ਰਸ਼ਾਸਨ ਵੱਲੋਂ ਮੰਡੀਆਂ ਵਿੱਚ ਕਣਕ ਦੀ ਖਰੀਦ ਦੇ ਪੁਖਤਾ ਪ੍ਰਬੰਧ ਕੀਤੇ ਗਏ ਹਨ। ਕਿਸਾਨਾਂ ਨੂੰ ਕਿਸੇ ਕਿਸਮ ਦੀ ਮੁਸ਼ਕਿਲ ਨਹੀਂ ਆਉਣ ਦਿੱਤੀ ਜਾਵੇਗੀ। ਪੰਜਾਬ ਸਰਕਾਰ ਵੱਲੋਂ ਪੰਜਾਬ ਦੇ ਕਿਸਾਨਾਂ ਦੀ ਭਲਾਈ ਲਈ ਅਨੇਕਾਂ ਯੋਜਨਾਵਾਂ ਚਲਾਈਆਂ ਜਾ ਰਹੀਆਂ ਹਨ ਅਤੇ ਇਨ੍ਹਾਂ ਯੋਜਨਾਵਾਂ ਦਾ ਲਾਭ ਹਰ ਲੋੜਵੰਦ ਤੱਕ ਪਹੁੰਚਾਇਆ ਜਾ ਰਿਹਾ ਹੈ। ਜ਼ਿਲ੍ਹਾ ਪ੍ਰਸ਼ਾਸਨ ਵੱਲੋਂ ਮੰਡੀਆਂ ਵਿੱਚ ਕਣਕ ਦੀ ਖਰੀਦ ਦੇ ਪੁਖਤਾ ਪ੍ਰਬੰਧ ਕੀਤੇ ਗਏ ਹਨ। ਕਿਸਾਨਾਂ ਨੂੰ ਕਿਸੇ ਕਿਸਮ ਦੀ ਮੁਸ਼ਕਿਲ ਨਹੀਂ ਆਉਣ ਦਿੱਤੀ ਜਾਵੇਗੀ। ਪੰਜਾਬ ਸਰਕਾਰ ਵੱਲੋਂ ਪੰਜਾਬ ਦੇ ਕਿਸਾਨਾਂ ਦੀ ਭਲਾਈ ਲਈ ਅਨੇਕਾਂ ਯੋਜਨਾਵਾਂ ਚਲਾਈਆਂ ਜਾ ਰਹੀਆਂ ਹਨ ਅਤੇ ਇਨ੍ਹਾਂ ਯੋਜਨਾਵਾਂ ਦਾ ਲਾਭ ਹਰ ਲੋੜਵੰਦ ਤੱਕ ਪਹੁੰਚਾਇਆ ਜਾ ਰਿਹਾ ਹੈ। ਜ਼ਿਲ੍ਹਾ ਪ੍ਰਸ਼ਾਸਨ ਵੱਲੋਂ ਮੰਡੀਆਂ ਵਿੱਚ ਕਣਕ ਦੀ ਖਰੀਦ ਦੇ ਪੁਖਤਾ ਪ੍ਰਬੰਧ ਕੀਤੇ ਗਏ ਹਨ। ਕਿਸਾਨਾਂ ਨੂੰ ਕਿਸੇ ਕਿਸਮ ਦੀ ਮੁਸ਼ਕਿਲ ਨਹੀਂ ਆਉਣ ਦਿੱਤੀ ਜਾਵੇਗੀ। ਪੰਜਾਬ ਸਰਕਾਰ ਵੱਲੋਂ ਪੰਜਾਬ ਦੇ ਕਿਸਾਨਾਂ ਦੀ ਭਲਾਈ ਲਈ ਅਨੇਕਾਂ ਯੋਜਨਾਵਾਂ ਚਲਾਈਆਂ ਜਾ ਰਹੀਆਂ ਹਨ ਅਤੇ ਇਨ੍ਹਾਂ ਯੋਜਨਾਵਾਂ ਦਾ ਲਾਭ ਹਰ ਲੋੜਵੰਦ ਤੱਕ ਪਹੁੰਚਾਇਆ ਜਾ ਰਿਹਾ ਹੈ। ਜ਼ਿਲ੍ਹਾ ਪ੍ਰਸ਼ਾਸਨ ਵੱਲੋਂ ਮੰਡੀਆਂ ਵਿੱਚ ਕਣਕ ਦੀ ਖਰੀਦ ਦੇ ਪੁਖਤਾ ਪ੍ਰਬੰਧ ਕੀਤੇ ਗਏ ਹਨ।
ਪੰਜਾਬ ਸਰਕਾਰ ਵੱਲੋਂ ਪੰਜਾਬ ਦੇ ਕਿਸਾਨਾਂ ਦੀ ਭਲਾਈ ਲਈ ਅਨੇਕਾਂ ਯੋਜਨਾਵਾਂ ਚਲਾਈਆਂ ਜਾ ਰਹੀਆਂ ਹਨ ਅਤੇ ਇਨ੍ਹਾਂ ਯੋਜਨਾਵਾਂ ਦਾ ਲਾਭ ਹਰ ਲੋੜਵੰਦ ਤੱਕ ਪਹੁੰਚਾਇਆ ਜਾ ਰਿਹਾ ਹੈ। ਜ਼ਿਲ੍ਹਾ ਪ੍ਰਸ਼ਾਸਨ ਵੱਲੋਂ ਮੰਡੀਆਂ ਵਿੱਚ ਕਣਕ ਦੀ ਖਰੀਦ ਦੇ ਪੁਖਤਾ ਪ੍ਰਬੰਧ ਕੀਤੇ ਗਏ ਹਨ। ਕਿਸਾਨਾਂ ਨੂੰ ਕਿਸੇ ਕਿਸਮ ਦੀ ਮੁਸ਼ਕਿਲ ਨਹੀਂ ਆਉਣ ਦਿੱਤੀ ਜਾਵੇਗੀ। ਪੰਜਾਬ ਸਰਕਾਰ ਵੱਲੋਂ ਪੰਜਾਬ ਦੇ ਕਿਸਾਨਾਂ ਦੀ ਭਲਾਈ ਲਈ ਅਨੇਕਾਂ ਯੋਜਨਾਵਾਂ ਚਲਾਈਆਂ ਜਾ ਰਹੀਆਂ ਹਨ ਅਤੇ ਇਨ੍ਹਾਂ ਯੋਜਨਾਵਾਂ ਦਾ ਲਾਭ ਹਰ ਲੋੜਵੰਦ ਤੱਕ ਪਹੁੰਚਾਇਆ ਜਾ ਰਿਹਾ ਹੈ। ਜ਼ਿਲ੍ਹਾ ਪ੍ਰਸ਼ਾਸਨ ਵੱਲੋਂ ਮੰਡੀਆਂ ਵਿੱਚ ਕਣਕ ਦੀ ਖਰੀਦ ਦੇ ਪੁਖਤਾ ਪ੍ਰਬੰਧ ਕੀਤੇ ਗਏ ਹਨ। ਕਿਸਾਨਾਂ ਨੂੰ ਕਿਸੇ ਕਿਸਮ ਦੀ ਮੁਸ਼ਕਿਲ ਨਹੀਂ ਆਉਣ ਦਿੱਤੀ ਜਾਵੇਗੀ। ਪੰਜਾਬ ਸਰਕਾਰ ਵੱਲੋਂ ਪੰਜਾਬ ਦੇ ਕਿਸਾਨਾਂ ਦੀ ਭਲਾਈ ਲਈ ਅਨੇਕਾਂ ਯੋਜਨਾਵਾਂ ਚਲਾਈਆਂ ਜਾ ਰਹੀਆਂ ਹਨ ਅਤੇ ਇਨ੍ਹਾਂ ਯੋਜਨਾਵਾਂ ਦਾ ਲਾਭ ਹਰ ਲੋੜਵੰਦ ਤੱਕ ਪਹੁੰਚਾਇਆ ਜਾ ਰਿਹਾ ਹੈ। ਜ਼ਿਲ੍ਹਾ ਪ੍ਰਸ਼ਾਸਨ ਵੱਲੋਂ ਮੰਡੀਆਂ ਵਿੱਚ ਕਣਕ ਦੀ ਖਰੀਦ ਦੇ ਪੁਖਤਾ ਪ੍ਰਬੰਧ ਕੀਤੇ ਗਏ ਹਨ। ਕਿਸਾਨਾਂ ਨੂੰ ਕਿਸੇ ਕਿਸਮ ਦੀ ਮੁਸ਼ਕਿਲ ਨਹੀਂ ਆਉਣ ਦਿੱਤੀ ਜਾਵੇਗੀ। ਪੰਜਾਬ ਸਰਕਾਰ ਵੱਲੋਂ ਪੰਜਾਬ ਦੇ ਕਿਸਾਨਾਂ ਦੀ ਭਲਾਈ ਲਈ ਅਨੇਕਾਂ ਯੋਜਨਾਵਾਂ ਚਲਾਈਆਂ ਜਾ ਰਹੀਆਂ ਹਨ ਅਤੇ ਇਨ੍ਹਾਂ ਯੋਜਨਾਵਾਂ ਦਾ ਲਾਭ ਹਰ ਲੋੜਵੰਦ ਤੱਕ ਪਹੁੰਚਾਇਆ ਜਾ ਰਿਹਾ ਹੈ। ਜ਼ਿਲ੍ਹਾ ਪ੍ਰਸ਼ਾਸਨ ਵੱਲੋਂ ਮੰਡੀਆਂ ਵਿੱਚ ਕਣਕ ਦੀ ਖਰੀਦ ਦੇ ਪੁਖਤਾ ਪ੍ਰਬੰਧ ਕੀਤੇ ਗਏ ਹਨ।
ਨਸ਼ਾ ਤਸਕਰ ਦੀ ਗੈਰ-ਕਾਨੂੰਨੀ ਉਸਾਰੀ ਢਾਹੀ
ਪੰਜਾਬ ਸਰਕਾਰ ਵੱਲੋਂ ਪੰਜਾਬ ਦੇ ਕਿਸਾਨਾਂ ਦੀ ਭਲਾਈ ਲਈ ਅਨੇਕਾਂ ਯੋਜਨਾਵਾਂ ਚਲਾਈਆਂ ਜਾ ਰਹੀਆਂ ਹਨ ਅਤੇ ਇਨ੍ਹਾਂ ਯੋਜਨਾਵਾਂ ਦਾ ਲਾਭ ਹਰ ਲੋੜਵੰਦ ਤੱਕ ਪਹੁੰਚਾਇਆ ਜਾ ਰਿਹਾ ਹੈ। ਜ਼ਿਲ੍ਹਾ ਪ੍ਰਸ਼ਾਸਨ ਵੱਲੋਂ ਮੰਡੀਆਂ ਵਿੱਚ ਕਣਕ ਦੀ ਖਰੀਦ ਦੇ ਪੁਖਤਾ ਪ੍ਰਬੰਧ ਕੀਤੇ ਗਏ ਹਨ। ਕਿਸਾਨਾਂ ਨੂੰ ਕਿਸੇ ਕਿਸਮ ਦੀ ਮੁਸ਼ਕਿਲ ਨਹੀਂ ਆਉਣ ਦਿੱਤੀ ਜਾਵੇਗੀ। ਪੰਜਾਬ ਸਰਕਾਰ ਵੱਲੋਂ ਪੰਜਾਬ ਦੇ ਕਿਸਾਨਾਂ ਦੀ ਭਲਾਈ ਲਈ ਅਨੇਕਾਂ ਯੋਜਨਾਵਾਂ ਚਲਾਈਆਂ ਜਾ ਰਹੀਆਂ ਹਨ ਅਤੇ ਇਨ੍ਹਾਂ ਯੋਜਨਾਵਾਂ ਦਾ ਲਾਭ ਹਰ ਲੋੜਵੰਦ ਤੱਕ ਪਹੁੰਚਾਇਆ ਜਾ ਰਿਹਾ ਹੈ। ਜ਼ਿਲ੍ਹਾ ਪ੍ਰਸ਼ਾਸਨ ਵੱਲੋਂ ਮੰਡੀਆਂ ਵਿੱਚ ਕਣਕ ਦੀ ਖਰੀਦ ਦੇ ਪੁਖਤਾ ਪ੍ਰਬੰਧ ਕੀਤੇ ਗਏ ਹਨ। ਕਿਸਾਨਾਂ ਨੂੰ ਕਿਸੇ ਕਿਸਮ ਦੀ ਮੁਸ਼ਕਿਲ ਨਹੀਂ ਆਉਣ ਦਿੱਤੀ ਜਾਵੇਗੀ। ਪੰਜਾਬ ਸਰਕਾਰ ਵੱਲੋਂ ਪੰਜਾਬ ਦੇ ਕਿਸਾਨਾਂ ਦੀ ਭਲਾਈ ਲਈ ਅਨੇਕਾਂ ਯੋਜਨਾਵਾਂ ਚਲਾਈਆਂ ਜਾ ਰਹੀਆਂ ਹਨ ਅਤੇ ਇਨ੍ਹਾਂ ਯੋਜਨਾਵਾਂ ਦਾ ਲਾਭ ਹਰ ਲੋੜਵੰਦ ਤੱਕ ਪਹੁੰਚਾਇਆ ਜਾ ਰਿਹਾ ਹੈ। ਜ਼ਿਲ੍ਹਾ ਪ੍ਰਸ਼ਾਸਨ ਵੱਲੋਂ ਮੰਡੀਆਂ ਵਿੱਚ ਕਣਕ ਦੀ ਖਰੀਦ ਦੇ ਪੁਖਤਾ ਪ੍ਰਬੰਧ ਕੀਤੇ ਗਏ ਹਨ। ਕਿਸਾਨਾਂ ਨੂੰ ਕਿਸੇ ਕਿਸਮ ਦੀ ਮੁਸ਼ਕਿਲ ਨਹੀਂ ਆਉਣ ਦਿੱਤੀ ਜਾਵੇਗੀ। ਪੰਜਾਬ ਸਰਕਾਰ ਵੱਲੋਂ ਪੰਜਾਬ ਦੇ ਕਿਸਾਨਾਂ ਦੀ ਭਲਾਈ ਲਈ ਅਨੇਕਾਂ ਯੋਜਨਾਵਾਂ ਚਲਾਈਆਂ ਜਾ ਰਹੀਆਂ ਹਨ ਅਤੇ ਇਨ੍ਹਾਂ ਯੋਜਨਾਵਾਂ ਦਾ ਲਾਭ ਹਰ ਲੋੜਵੰਦ ਤੱਕ ਪਹੁੰਚਾਇਆ ਜਾ ਰਿਹਾ ਹੈ। ਜ਼ਿਲ੍ਹਾ ਪ੍ਰਸ਼ਾਸਨ ਵੱਲੋਂ ਮੰਡੀਆਂ ਵਿੱਚ ਕਣਕ ਦੀ ਖਰੀਦ ਦੇ ਪੁਖਤਾ ਪ੍ਰਬੰਧ ਕੀਤੇ ਗਏ ਹਨ। ਕਿਸਾਨਾਂ ਨੂੰ ਕਿਸੇ ਕਿਸਮ ਦੀ ਮੁਸ਼ਕਿਲ ਨਹੀਂ ਆਉਣ ਦਿੱਤੀ ਜਾਵੇਗੀ। ਪੰਜਾਬ ਸਰਕਾਰ ਵੱਲੋਂ ਪੰਜਾਬ ਦੇ ਕਿਸਾਨਾਂ ਦੀ ਭਲਾਈ ਲਈ ਅਨੇਕਾਂ ਯੋਜਨਾਵਾਂ ਚਲਾਈਆਂ ਜਾ ਰਹੀਆਂ ਹਨ ਅਤੇ ਇਨ੍ਹਾਂ ਯੋਜਨਾਵਾਂ ਦਾ ਲਾਭ ਹਰ ਲੋੜਵੰਦ ਤੱਕ ਪਹੁੰਚਾਇਆ ਜਾ ਰਿਹਾ ਹੈ। ਜ਼ਿਲ੍ਹਾ ਪ੍ਰਸ਼ਾਸਨ ਵੱਲੋਂ ਮੰਡੀਆਂ ਵਿੱਚ ਕਣਕ ਦੀ ਖਰੀਦ ਦੇ ਪੁਖਤਾ ਪ੍ਰਬੰਧ ਕੀਤੇ ਗਏ ਹਨ। ਕਿਸਾਨਾਂ ਨੂੰ ਕਿਸੇ ਕਿਸਮ ਦੀ ਮੁਸ਼ਕਿਲ ਨਹੀਂ ਆਉਣ ਦਿੱਤੀ ਜਾਵੇਗੀ। ਪੰਜਾਬ ਸਰਕਾਰ ਵੱਲੋਂ ਪੰਜਾਬ ਦੇ ਕਿਸਾਨਾਂ ਦੀ ਭਲਾਈ ਲਈ ਅਨੇਕਾਂ ਯੋਜਨਾਵਾਂ ਚਲਾਈਆਂ ਜਾ ਰਹੀਆਂ ਹਨ ਅਤੇ ਇਨ੍ਹਾਂ ਯੋਜਨਾਵਾਂ ਦਾ ਲਾਭ ਹਰ ਲੋੜਵੰਦ ਤੱਕ ਪਹੁੰਚਾਇਆ ਜਾ ਰਿਹਾ ਹੈ। ਜ਼ਿਲ੍ਹਾ ਪ੍ਰਸ਼ਾਸਨ ਵੱਲੋਂ ਮੰਡੀਆਂ ਵਿੱਚ ਕਣਕ ਦੀ ਖਰੀਦ ਦੇ ਪੁਖਤਾ ਪ੍ਰਬੰਧ ਕੀਤੇ ਗਏ ਹਨ। ਕਿਸਾਨਾਂ ਨੂੰ ਕਿਸੇ ਕਿਸਮ ਦੀ ਮੁਸ਼ਕਿਲ ਨਹੀਂ ਆਉਣ ਦਿੱਤੀ ਜਾਵੇਗੀ।
ਪੰਜਾਬ ਸਰਕਾਰ ਵੱਲੋਂ ਪੰਜਾਬ ਦੇ ਕਿਸਾਨਾਂ ਦੀ ਭਲਾਈ ਲਈ ਅਨੇਕਾਂ ਯੋਜਨਾਵਾਂ ਚਲਾਈਆਂ ਜਾ ਰਹੀਆਂ ਹਨ ਅਤੇ ਇਨ੍ਹਾਂ ਯੋਜਨਾਵਾਂ ਦਾ ਲਾਭ ਹਰ ਲੋੜਵੰਦ ਤੱਕ ਪਹੁੰਚਾਇਆ ਜਾ ਰਿਹਾ ਹੈ। ਜ਼ਿਲ੍ਹਾ ਪ੍ਰਸ਼ਾਸਨ ਵੱਲੋਂ ਮੰਡੀਆਂ ਵਿੱਚ ਕਣਕ ਦੀ ਖਰੀਦ ਦੇ ਪੁਖਤਾ ਪ੍ਰਬੰਧ ਕੀਤੇ ਗਏ ਹਨ। ਕਿਸਾਨਾਂ ਨੂੰ ਕਿਸੇ ਕਿਸਮ ਦੀ ਮੁਸ਼ਕਿਲ ਨਹੀਂ ਆਉਣ ਦਿੱਤੀ ਜਾਵੇਗੀ। ਪੰਜਾਬ ਸਰਕਾਰ ਵੱਲੋਂ ਪੰਜਾਬ ਦੇ ਕਿਸਾਨਾਂ ਦੀ ਭਲਾਈ ਲਈ ਅਨੇਕਾਂ ਯੋਜਨਾਵਾਂ ਚਲਾਈਆਂ ਜਾ ਰਹੀਆਂ ਹਨ ਅਤੇ ਇਨ੍ਹਾਂ ਯੋਜਨਾਵਾਂ ਦਾ ਲਾਭ ਹਰ ਲੋੜਵੰਦ ਤੱਕ ਪਹੁੰਚਾਇਆ ਜਾ ਰਿਹਾ ਹੈ। ਜ਼ਿਲ੍ਹਾ ਪ੍ਰਸ਼ਾਸਨ ਵੱਲੋਂ ਮੰਡੀਆਂ ਵਿੱਚ ਕਣਕ ਦੀ ਖਰੀਦ ਦੇ ਪੁਖਤਾ ਪ੍ਰਬੰਧ ਕੀਤੇ ਗਏ ਹਨ। ਕਿਸਾਨਾਂ ਨੂੰ ਕਿਸੇ ਕਿਸਮ ਦੀ ਮੁਸ਼ਕਿਲ ਨਹੀਂ ਆਉਣ ਦਿੱਤੀ ਜਾਵੇਗੀ। ਪੰਜਾਬ ਸਰਕਾਰ ਵੱਲੋਂ ਪੰਜਾਬ ਦੇ ਕਿਸਾਨਾਂ ਦੀ ਭਲਾਈ ਲਈ ਅਨੇਕਾਂ ਯੋਜਨਾਵਾਂ ਚਲਾਈਆਂ ਜਾ ਰਹੀਆਂ ਹਨ ਅਤੇ ਇਨ੍ਹਾਂ ਯੋਜਨਾਵਾਂ ਦਾ ਲਾਭ ਹਰ ਲੋੜਵੰਦ ਤੱਕ ਪਹੁੰਚਾਇਆ ਜਾ ਰਿਹਾ ਹੈ। ਜ਼ਿਲ੍ਹਾ ਪ੍ਰਸ਼ਾਸਨ ਵੱਲੋਂ ਮੰਡੀਆਂ ਵਿੱਚ ਕਣਕ ਦੀ ਖਰੀਦ ਦੇ ਪੁਖਤਾ ਪ੍ਰਬੰਧ ਕੀਤੇ ਗਏ ਹਨ। ਕਿਸਾਨਾਂ ਨੂੰ ਕਿਸੇ ਕਿਸਮ ਦੀ ਮੁਸ਼ਕਿਲ ਨਹੀਂ ਆਉਣ ਦਿੱਤੀ ਜਾਵੇਗੀ। ਪੰਜਾਬ ਸਰਕਾਰ ਵੱਲੋਂ ਪੰਜਾਬ ਦੇ ਕਿਸਾਨਾਂ ਦੀ ਭਲਾਈ ਲਈ ਅਨੇਕਾਂ ਯੋਜਨਾਵਾਂ ਚਲਾਈਆਂ ਜਾ ਰਹੀਆਂ ਹਨ ਅਤੇ ਇਨ੍ਹਾਂ ਯੋਜਨਾਵਾਂ ਦਾ ਲਾਭ ਹਰ ਲੋੜਵੰਦ ਤੱਕ ਪਹੁੰਚਾਇਆ ਜਾ ਰਿਹਾ ਹੈ। ਜ਼ਿਲ੍ਹਾ ਪ੍ਰਸ਼ਾਸਨ ਵੱਲੋਂ ਮੰਡੀਆਂ ਵਿੱਚ ਕਣਕ ਦੀ ਖਰੀਦ ਦੇ ਪੁਖਤਾ ਪ੍ਰਬੰਧ ਕੀਤੇ ਗਏ ਹਨ। ਕਿਸਾਨਾਂ ਨੂੰ ਕਿਸੇ ਕਿਸਮ ਦੀ ਮੁਸ਼ਕਿਲ ਨਹੀਂ ਆਉਣ ਦਿੱਤੀ ਜਾਵੇਗੀ। ਪੰਜਾਬ ਸਰਕਾਰ ਵੱਲੋਂ ਪੰਜਾਬ ਦੇ ਕਿਸਾਨਾਂ ਦੀ ਭਲਾਈ ਲਈ ਅਨੇਕਾਂ ਯੋਜਨਾਵਾਂ ਚਲਾਈਆਂ ਜਾ ਰਹੀਆਂ ਹਨ ਅਤੇ ਇਨ੍ਹਾਂ ਯੋਜਨਾਵਾਂ ਦਾ ਲਾਭ ਹਰ ਲੋੜਵੰਦ ਤੱਕ ਪਹੁੰਚਾਇਆ ਜਾ ਰਿਹਾ ਹੈ। ਜ਼ਿਲ੍ਹਾ ਪ੍ਰਸ਼ਾਸਨ ਵੱਲੋਂ ਮੰਡੀਆਂ ਵਿੱਚ ਕਣਕ ਦੀ ਖਰੀਦ ਦੇ ਪੁਖਤਾ ਪ੍ਰਬੰਧ ਕੀਤੇ ਗਏ ਹਨ। ਕਿਸਾਨਾਂ ਨੂੰ ਕਿਸੇ ਕਿਸਮ ਦੀ ਮੁਸ਼ਕਿਲ ਨਹੀਂ ਆਉਣ ਦਿੱਤੀ ਜਾਵੇਗੀ। ਪੰਜਾਬ ਸਰਕਾਰ ਵੱਲੋਂ ਪੰਜਾਬ ਦੇ ਕਿਸਾਨਾਂ ਦੀ ਭਲਾਈ ਲਈ ਅਨੇਕਾਂ ਯੋਜਨਾਵਾਂ ਚਲਾਈਆਂ ਜਾ ਰਹੀਆਂ ਹਨ ਅਤੇ ਇਨ੍ਹਾਂ ਯੋਜਨਾਵਾਂ ਦਾ ਲਾਭ ਹਰ ਲੋੜਵੰਦ ਤੱਕ ਪਹੁੰਚਾਇਆ ਜਾ ਰਿਹਾ ਹੈ। ਜ਼ਿਲ੍ਹਾ ਪ੍ਰਸ਼ਾਸਨ ਵੱਲੋਂ ਮੰਡੀਆਂ ਵਿੱਚ ਕਣਕ ਦੀ ਖਰੀਦ ਦੇ ਪੁਖਤਾ ਪ੍ਰਬੰਧ ਕੀਤੇ
ਪੰਜਾਬ ਸਰਕਾਰ ਵੱਲੋਂ ਪੰਜਾਬ ਦੇ ਕਿਸਾਨਾਂ ਦੀ ਭਲਾਈ ਲਈ ਅਨੇਕਾਂ ਯੋਜਨਾਵਾਂ ਚਲਾਈਆਂ ਜਾ ਰਹੀਆਂ ਹਨ ਅਤੇ ਇਨ੍ਹਾਂ ਯੋਜਨਾਵਾਂ ਦਾ ਲਾਭ ਹਰ ਲੋੜਵੰਦ ਤੱਕ ਪਹੁੰਚਾਇਆ ਜਾ ਰਿਹਾ ਹੈ। ਜ਼ਿਲ੍ਹਾ ਪ੍ਰਸ਼ਾਸਨ ਵੱਲੋਂ ਮੰਡੀਆਂ ਵਿੱਚ ਕਣਕ ਦੀ ਖਰੀਦ ਦੇ ਪੁਖਤਾ ਪ੍ਰਬੰਧ ਕੀਤੇ ਗਏ ਹਨ। ਕਿਸਾਨਾਂ ਨੂੰ ਕਿਸੇ ਕਿਸਮ ਦੀ ਮੁਸ਼ਕਿਲ ਨਹੀਂ ਆਉਣ ਦਿੱਤੀ ਜਾਵੇਗੀ। ਪੰਜਾਬ ਸਰਕਾਰ ਵੱਲੋਂ ਪੰਜਾਬ ਦੇ ਕਿਸਾਨਾਂ ਦੀ ਭਲਾਈ ਲਈ ਅਨੇਕਾਂ ਯੋਜਨਾਵਾਂ ਚਲਾਈਆਂ ਜਾ ਰਹੀਆਂ ਹਨ ਅਤੇ ਇਨ੍ਹਾਂ ਯੋਜਨਾਵਾਂ ਦਾ ਲਾਭ ਹਰ ਲੋੜਵੰਦ ਤੱਕ ਪਹੁੰਚਾਇਆ ਜਾ ਰਿਹਾ ਹੈ। ਜ਼ਿਲ੍ਹਾ ਪ੍ਰਸ਼ਾਸਨ ਵੱਲੋਂ ਮੰਡੀਆਂ ਵਿੱਚ ਕਣਕ ਦੀ ਖਰੀਦ ਦੇ ਪੁਖਤਾ ਪ੍ਰਬੰਧ ਕੀਤੇ ਗਏ ਹਨ। ਕਿਸਾਨਾਂ ਨੂੰ ਕਿਸੇ ਕਿਸਮ ਦੀ ਮੁਸ਼ਕਿਲ ਨਹੀਂ ਆਉਣ ਦਿੱਤੀ ਜਾਵੇਗੀ। ਪੰਜਾਬ ਸਰਕਾਰ ਵੱਲੋਂ ਪੰਜਾਬ ਦੇ ਕਿਸਾਨਾਂ ਦੀ ਭਲਾਈ ਲਈ ਅਨੇਕਾਂ ਯੋਜਨਾਵਾਂ ਚਲਾਈਆਂ ਜਾ ਰਹੀਆਂ ਹਨ ਅਤੇ ਇਨ੍ਹਾਂ ਯੋਜਨਾਵਾਂ ਦਾ ਲਾਭ ਹਰ ਲੋੜਵੰਦ ਤੱਕ ਪਹੁੰਚਾਇਆ ਜਾ ਰਿਹਾ ਹੈ। ਜ਼ਿਲ੍ਹਾ ਪ੍ਰਸ਼ਾਸਨ ਵੱਲੋਂ ਮੰਡੀਆਂ ਵਿੱਚ ਕਣਕ ਦੀ ਖਰੀਦ ਦੇ ਪੁਖਤਾ ਪ੍ਰਬੰਧ ਕੀਤੇ ਗਏ ਹਨ। ਕਿਸਾਨਾਂ ਨੂੰ ਕਿਸੇ ਕਿਸਮ ਦੀ ਮੁਸ਼ਕਿਲ ਨਹੀਂ ਆਉਣ ਦਿੱਤੀ ਜਾਵੇਗੀ। ਪੰਜਾਬ ਸਰਕਾਰ ਵੱਲੋਂ ਪੰਜਾਬ ਦੇ ਕਿਸਾਨਾਂ ਦੀ ਭਲਾਈ ਲਈ ਅਨੇਕਾਂ ਯੋਜਨਾਵਾਂ ਚਲਾਈਆਂ ਜਾ ਰਹੀਆਂ ਹਨ ਅਤੇ ਇਨ੍ਹਾਂ ਯੋਜਨਾਵਾਂ ਦਾ ਲਾਭ ਹਰ ਲੋੜਵੰਦ ਤੱਕ ਪਹੁੰਚਾਇਆ ਜਾ ਰਿਹਾ ਹੈ। ਜ਼ਿਲ੍ਹਾ ਪ੍ਰਸ਼ਾਸਨ ਵੱਲੋਂ ਮੰਡੀਆਂ ਵਿੱਚ ਕਣਕ ਦੀ ਖਰੀਦ ਦੇ ਪੁਖਤਾ ਪ੍ਰਬੰਧ ਕੀਤੇ ਗਏ ਹਨ। ਕਿਸਾਨਾਂ ਨੂੰ ਕਿਸੇ ਕਿਸਮ ਦੀ ਮੁਸ਼ਕਿਲ ਨਹੀਂ ਆਉਣ ਦਿੱਤੀ ਜਾਵੇਗੀ। ਪੰਜਾਬ ਸਰਕਾਰ ਵੱਲੋਂ ਪੰਜਾਬ ਦੇ ਕਿਸਾਨਾਂ ਦੀ ਭਲਾਈ ਲਈ ਅਨੇਕਾਂ ਯੋਜਨਾਵਾਂ ਚਲਾਈਆਂ ਜਾ ਰਹੀਆਂ ਹਨ ਅਤੇ ਇਨ੍ਹਾਂ ਯੋਜਨਾਵਾਂ ਦਾ ਲਾਭ ਹਰ ਲੋੜਵੰਦ ਤੱਕ ਪਹੁੰਚਾਇਆ ਜਾ ਰਿਹਾ ਹੈ। ਜ਼ਿਲ੍ਹਾ ਪ੍ਰਸ਼ਾਸਨ ਵੱਲੋਂ ਮੰਡੀਆਂ ਵਿੱਚ ਕਣਕ ਦੀ ਖਰੀਦ ਦੇ ਪੁਖਤਾ ਪ੍ਰਬੰਧ ਕੀਤੇ ਗਏ ਹਨ। ਕਿਸਾਨਾਂ ਨੂੰ ਕਿਸੇ ਕਿਸਮ ਦੀ ਮੁਸ਼ਕਿਲ ਨਹੀਂ ਆਉਣ ਦਿੱਤੀ ਜਾਵੇਗੀ। ਪੰਜਾਬ ਸਰਕਾਰ ਵੱਲੋਂ ਪੰਜਾਬ ਦੇ ਕਿਸਾਨਾਂ ਦੀ ਭਲਾਈ ਲਈ ਅਨੇਕਾਂ ਯੋਜਨਾਵਾਂ ਚਲਾਈਆਂ ਜਾ ਰਹੀਆਂ ਹਨ ਅਤੇ ਇਨ੍ਹਾਂ ਯੋਜਨਾਵਾਂ ਦਾ ਲਾਭ ਹਰ ਲੋੜਵੰਦ ਤੱਕ ਪਹੁੰਚਾਇਆ ਜਾ ਰਿਹਾ ਹੈ। ਜ਼ਿਲ੍ਹਾ ਪ੍ਰਸ਼ਾਸਨ ਵੱਲੋਂ ਮੰਡੀਆਂ ਵਿੱਚ ਕਣਕ ਦੀ ਖਰੀਦ ਦੇ ਪੁਖਤਾ ਪ੍ਰਬੰਧ ਕੀਤੇ ਗਏ ਹਨ। ਕਿਸਾਨਾਂ ਨੂੰ ਕਿਸੇ ਕਿਸਮ ਦੀ ਮੁਸ਼ਕਿਲ ਨਹੀਂ ਆਉਣ ਦਿੱਤੀ ਜਾਵੇਗੀ।
ਕਣਕ ਦੀ ਖਰੀਦ ਸਬੰਧੀ ਡਿਪਟੀ ਕਮਿਸ਼ਨਰ ਨੇ ਕੀਤੀ ਆੜ੍ਹਤੀਆਂ ਨਾਲ ਬੈਠਕ
ਪੰਜਾਬ ਸਰਕਾਰ ਵੱਲੋਂ ਪੰਜਾਬ ਦੇ ਕਿਸਾਨਾਂ ਦੀ ਭਲਾਈ ਲਈ ਅਨੇਕਾਂ ਯੋਜਨਾਵਾਂ ਚਲਾਈਆਂ ਜਾ ਰਹੀਆਂ ਹਨ ਅਤੇ ਇਨ੍ਹਾਂ ਯੋਜਨਾਵਾਂ ਦਾ ਲਾਭ ਹਰ ਲੋੜਵੰਦ ਤੱਕ ਪਹੁੰਚਾਇਆ ਜਾ ਰਿਹਾ ਹੈ। ਜ਼ਿਲ੍ਹਾ ਪ੍ਰਸ਼ਾਸਨ ਵੱਲੋਂ ਮੰਡੀਆਂ ਵਿੱਚ ਕਣਕ ਦੀ ਖਰੀਦ ਦੇ ਪੁਖਤਾ ਪ੍ਰਬੰਧ ਕੀਤੇ ਗਏ ਹਨ। ਕਿਸਾਨਾਂ ਨੂੰ ਕਿਸੇ ਕਿਸਮ ਦੀ ਮੁਸ਼ਕਿਲ ਨਹੀਂ ਆਉਣ ਦਿੱਤੀ ਜਾਵੇਗੀ। ਪੰਜਾਬ ਸਰਕਾਰ ਵੱਲੋਂ ਪੰਜਾਬ ਦੇ ਕਿਸਾਨਾਂ ਦੀ ਭਲਾਈ ਲਈ ਅਨੇਕਾਂ ਯੋਜਨਾਵਾਂ ਚਲਾਈਆਂ ਜਾ ਰਹੀਆਂ ਹਨ ਅਤੇ ਇਨ੍ਹਾਂ ਯੋਜਨਾਵਾਂ ਦਾ ਲਾਭ ਹਰ ਲੋੜਵੰਦ ਤੱਕ ਪਹੁੰਚਾਇਆ ਜਾ ਰਿਹਾ ਹੈ। ਜ਼ਿਲ੍ਹਾ ਪ੍ਰਸ਼ਾਸਨ ਵੱਲੋਂ ਮੰਡੀਆਂ ਵਿੱਚ ਕਣਕ ਦੀ ਖਰੀਦ ਦੇ ਪੁਖਤਾ ਪ੍ਰਬੰਧ ਕੀਤੇ ਗਏ ਹਨ। ਕਿਸਾਨਾਂ ਨੂੰ ਕਿਸੇ ਕਿਸਮ ਦੀ ਮੁਸ਼ਕਿਲ ਨਹੀਂ ਆਉਣ ਦਿੱਤੀ ਜਾਵੇਗੀ। ਪੰਜਾਬ ਸਰਕਾਰ ਵੱਲੋਂ ਪੰਜਾਬ ਦੇ ਕਿਸਾਨਾਂ ਦੀ ਭਲਾਈ ਲਈ ਅਨੇਕਾਂ ਯੋਜਨਾਵਾਂ ਚਲਾਈਆਂ ਜਾ ਰਹੀਆਂ ਹਨ ਅਤੇ ਇਨ੍ਹਾਂ ਯੋਜਨਾਵਾਂ ਦਾ ਲਾਭ ਹਰ ਲੋੜਵੰਦ ਤੱਕ ਪਹੁੰਚਾਇਆ ਜਾ ਰਿਹਾ ਹੈ। ਜ਼ਿਲ੍ਹਾ ਪ੍ਰਸ਼ਾਸਨ ਵੱਲੋਂ ਮੰਡੀਆਂ ਵਿੱਚ ਕਣਕ ਦੀ ਖਰੀਦ ਦੇ ਪੁਖਤਾ ਪ੍ਰਬੰਧ ਕੀਤੇ ਗਏ ਹਨ। ਕਿਸਾਨਾਂ ਨੂੰ ਕਿਸੇ ਕਿਸਮ ਦੀ ਮੁਸ਼ਕਿਲ ਨਹੀਂ ਆਉਣ ਦਿੱਤੀ ਜਾਵੇਗੀ। ਪੰਜਾਬ ਸਰਕਾਰ ਵੱਲੋਂ ਪੰਜਾਬ ਦੇ ਕਿਸਾਨਾਂ ਦੀ ਭਲਾਈ ਲਈ ਅਨੇਕਾਂ ਯੋਜਨਾਵਾਂ ਚਲਾਈਆਂ ਜਾ ਰਹੀਆਂ ਹਨ ਅਤੇ ਇਨ੍ਹਾਂ ਯੋਜਨਾਵਾਂ ਦਾ ਲਾਭ ਹਰ ਲੋੜਵੰਦ ਤੱਕ ਪਹੁੰਚਾਇਆ ਜਾ ਰਿਹਾ ਹੈ। ਜ਼ਿਲ੍ਹਾ ਪ੍ਰਸ਼ਾਸਨ ਵੱਲੋਂ ਮੰਡੀਆਂ ਵਿੱਚ ਕਣਕ ਦੀ ਖਰੀਦ ਦੇ ਪੁਖਤਾ ਪ੍ਰਬੰਧ ਕੀਤੇ ਗਏ ਹਨ। ਕਿਸਾਨਾਂ ਨੂੰ ਕਿਸੇ ਕਿਸਮ ਦੀ ਮੁਸ਼ਕਿਲ ਨਹੀਂ ਆਉਣ ਦਿੱਤੀ ਜਾਵੇਗੀ। ਪੰਜਾਬ ਸਰਕਾਰ ਵੱਲੋਂ ਪੰਜਾਬ ਦੇ ਕਿਸਾਨਾਂ
ਪੰਜਾਬ ਸਰਕਾਰ ਵੱਲੋਂ ਪੰਜਾਬ ਦੇ ਕਿਸਾਨਾਂ ਦੀ ਭਲਾਈ ਲਈ ਅਨੇਕਾਂ ਯੋਜਨਾਵਾਂ ਚਲਾਈਆਂ ਜਾ ਰਹੀਆਂ ਹਨ ਅਤੇ ਇਨ੍ਹਾਂ ਯੋਜਨਾਵਾਂ ਦਾ ਲਾਭ ਹਰ ਲੋੜਵੰਦ ਤੱਕ ਪਹੁੰਚਾਇਆ ਜਾ ਰਿਹਾ ਹੈ। ਜ਼ਿਲ੍ਹਾ ਪ੍ਰਸ਼ਾਸਨ ਵੱਲੋਂ ਮੰਡੀਆਂ ਵਿੱਚ ਕਣਕ ਦੀ ਖਰੀਦ ਦੇ ਪੁਖਤਾ ਪ੍ਰਬੰਧ ਕੀਤੇ ਗਏ ਹਨ। ਕਿਸਾਨਾਂ ਨੂੰ ਕਿਸੇ ਕਿਸਮ ਦੀ ਮੁਸ਼ਕਿਲ ਨਹੀਂ ਆਉਣ ਦਿੱਤੀ ਜਾਵੇਗੀ। ਪੰਜਾਬ ਸਰਕਾਰ ਵੱਲੋਂ ਪੰਜਾਬ ਦੇ ਕਿਸਾਨਾਂ ਦੀ ਭਲਾਈ ਲਈ ਅਨੇਕਾਂ ਯੋਜਨਾਵਾਂ ਚਲਾਈਆਂ ਜਾ ਰਹੀਆਂ ਹਨ ਅਤੇ ਇਨ੍ਹਾਂ ਯੋਜਨਾਵਾਂ ਦਾ ਲਾਭ ਹਰ ਲੋੜਵੰਦ ਤੱਕ ਪਹੁੰਚਾਇਆ ਜਾ ਰਿਹਾ ਹੈ। ਜ਼ਿਲ੍ਹਾ ਪ੍ਰਸ਼ਾਸਨ ਵੱਲੋਂ ਮੰਡੀਆਂ ਵਿੱਚ ਕਣਕ ਦੀ ਖਰੀਦ ਦੇ ਪੁਖਤਾ ਪ੍ਰਬੰਧ ਕੀਤੇ ਗਏ ਹਨ। ਕਿਸਾਨਾਂ ਨੂੰ ਕਿਸੇ ਕਿਸਮ ਦੀ ਮੁਸ਼ਕਿਲ ਨਹੀਂ ਆਉਣ ਦਿੱਤੀ ਜਾਵੇਗੀ। ਪੰਜਾਬ ਸਰਕਾਰ ਵੱਲੋਂ ਪੰਜਾਬ ਦੇ ਕਿਸਾਨਾਂ ਦੀ ਭਲਾਈ ਲਈ ਅਨੇਕਾਂ ਯੋਜਨਾਵਾਂ ਚਲਾਈਆਂ ਜਾ ਰਹੀਆਂ ਹਨ ਅਤੇ ਇਨ੍ਹਾਂ ਯੋਜਨਾਵਾਂ ਦਾ ਲਾਭ ਹਰ ਲੋੜਵੰਦ ਤੱਕ ਪਹੁੰਚਾਇਆ ਜਾ ਰਿਹਾ ਹੈ। ਜ਼ਿਲ੍ਹਾ ਪ੍ਰਸ਼ਾਸਨ ਵੱਲੋਂ ਮੰਡੀਆਂ ਵਿੱਚ ਕਣਕ ਦੀ ਖਰੀਦ ਦੇ ਪੁਖਤਾ ਪ੍ਰਬੰਧ ਕੀਤੇ ਗਏ ਹਨ। ਕਿਸਾਨਾਂ ਨੂੰ ਕਿਸੇ ਕਿਸਮ ਦੀ ਮੁਸ਼ਕਿਲ ਨਹੀਂ ਆਉਣ ਦਿੱਤੀ ਜਾਵੇਗੀ। ਪੰਜਾਬ ਸਰਕਾਰ ਵੱਲੋਂ ਪੰਜਾਬ ਦੇ ਕਿਸਾਨਾਂ ਦੀ ਭਲਾਈ ਲਈ ਅਨੇਕਾਂ ਯੋਜਨਾਵਾਂ ਚਲਾਈਆਂ ਜਾ ਰਹੀਆਂ ਹਨ ਅਤੇ ਇਨ੍ਹਾਂ ਯੋਜਨਾਵਾਂ ਦਾ ਲਾਭ ਹਰ ਲੋੜਵੰਦ ਤੱਕ ਪਹੁੰਚਾਇਆ ਜਾ ਰਿਹਾ ਹੈ। ਜ਼ਿਲ੍ਹਾ ਪ੍ਰਸ਼ਾਸਨ ਵੱਲੋਂ ਮੰਡੀਆਂ ਵਿੱਚ ਕਣਕ ਦੀ ਖਰੀਦ ਦੇ ਪੁਖਤਾ ਪ੍ਰਬੰਧ ਕੀਤੇ ਗਏ ਹਨ। ਕਿਸਾਨਾਂ ਨੂੰ ਕਿਸੇ ਕਿਸਮ ਦੀ ਮੁਸ਼ਕਿਲ ਨਹੀਂ ਆਉਣ ਦਿੱਤੀ ਜਾਵੇਗੀ। ਪੰਜਾਬ ਸਰਕਾਰ ਵੱਲੋਂ ਪੰਜਾਬ ਦੇ ਕਿਸਾਨਾਂ ਦੀ ਭਲਾਈ ਲਈ ਅਨੇਕਾਂ ਯੋਜਨਾਵਾਂ ਚਲਾਈਆਂ ਜਾ ਰਹੀਆਂ ਹਨ ਅਤੇ ਇਨ੍ਹਾਂ ਯੋਜਨਾਵਾਂ ਦਾ ਲਾਭ ਹਰ ਲੋੜਵੰਦ ਤੱਕ ਪਹੁੰਚਾਇਆ ਜਾ ਰਿਹਾ ਹੈ। ਜ਼ਿਲ੍ਹਾ ਪ੍ਰਸ਼ਾਸਨ ਵੱਲੋਂ ਮੰਡੀਆਂ ਵਿੱਚ ਕਣਕ ਦੀ ਖਰੀਦ ਦੇ ਪੁਖਤਾ ਪ੍ਰਬੰਧ ਕੀਤੇ ਗਏ ਹਨ। ਕਿਸਾਨਾਂ ਨੂੰ ਕਿਸੇ ਕਿਸਮ ਦੀ ਮੁਸ਼ਕਿਲ ਨਹੀਂ ਆਉਣ ਦਿੱਤੀ ਜਾਵੇਗੀ। ਪੰਜਾਬ ਸਰਕਾਰ ਵੱਲੋਂ ਪੰਜਾਬ ਦੇ ਕਿਸਾਨਾਂ ਦੀ ਭਲਾਈ ਲਈ ਅਨੇਕਾਂ ਯੋਜਨਾਵਾਂ ਚਲਾਈਆਂ ਜਾ ਰਹੀਆਂ ਹਨ ਅਤੇ ਇਨ੍ਹਾਂ ਯੋਜਨਾਵਾਂ ਦਾ ਲਾਭ ਹਰ ਲੋੜਵੰਦ ਤੱਕ ਪਹੁੰਚਾਇਆ ਜਾ ਰਿਹਾ ਹੈ। ਜ਼ਿਲ੍ਹਾ ਪ੍ਰਸ਼ਾਸਨ ਵੱਲੋਂ ਮੰਡੀਆਂ ਵਿੱਚ ਕਣਕ ਦੀ ਖਰੀਦ ਦੇ ਪੁਖਤਾ ਪ੍ਰਬੰਧ ਕੀਤੇ ਗਏ ਹਨ। ਕਿਸਾਨਾਂ ਨੂੰ ਕਿਸੇ ਕਿਸਮ ਦੀ ਮੁਸ਼ਕਿਲ ਨਹੀਂ ਆਉਣ ਦਿੱਤੀ ਜਾਵੇਗੀ।
ਪੰਜਾਬ ਸਰਕਾਰ ਵੱਲੋਂ ਪੰਜਾਬ ਦੇ ਕਿਸਾਨਾਂ ਦੀ ਭਲਾਈ ਲਈ ਅਨੇਕਾਂ ਯੋਜਨਾਵਾਂ ਚਲਾਈਆਂ ਜਾ ਰਹੀਆਂ ਹਨ ਅਤੇ ਇਨ੍ਹਾਂ ਯੋਜਨਾਵਾਂ ਦਾ ਲਾਭ ਹਰ ਲੋੜਵੰਦ ਤੱਕ ਪਹੁੰਚਾਇਆ ਜਾ ਰਿਹਾ ਹੈ। ਜ਼ਿਲ੍ਹਾ ਪ੍ਰਸ਼ਾਸਨ ਵੱਲੋਂ ਮੰਡੀਆਂ ਵਿੱਚ ਕਣਕ ਦੀ ਖਰੀਦ ਦੇ ਪੁਖਤਾ ਪ੍ਰਬੰਧ ਕੀਤੇ ਗਏ ਹਨ। ਕਿਸਾਨਾਂ ਨੂੰ ਕਿਸੇ ਕਿਸਮ ਦੀ ਮੁਸ਼ਕਿਲ ਨਹੀਂ ਆਉਣ ਦਿੱਤੀ ਜਾਵੇਗੀ। ਪੰਜਾਬ ਸਰਕਾਰ ਵੱਲੋਂ ਪੰਜਾਬ ਦੇ ਕਿਸਾਨਾਂ ਦੀ ਭਲਾਈ ਲਈ ਅਨੇਕਾਂ ਯੋਜਨਾਵਾਂ ਚਲਾਈਆਂ ਜਾ ਰਹੀਆਂ ਹਨ ਅਤੇ ਇਨ੍ਹਾਂ ਯੋਜਨਾਵਾਂ ਦਾ ਲਾਭ ਹਰ ਲੋੜਵੰਦ ਤੱਕ ਪਹੁੰਚਾਇਆ ਜਾ ਰਿਹਾ ਹੈ। ਜ਼ਿਲ੍ਹਾ ਪ੍ਰਸ਼ਾਸਨ ਵੱਲੋਂ ਮੰਡੀਆਂ ਵਿੱਚ ਕਣਕ ਦੀ ਖਰੀਦ ਦੇ ਪੁਖਤਾ ਪ੍ਰਬੰਧ ਕੀਤੇ ਗਏ ਹਨ। ਕਿਸਾਨਾਂ ਨੂੰ ਕਿਸੇ ਕਿਸਮ ਦੀ ਮੁਸ਼ਕਿਲ ਨਹੀਂ ਆਉਣ ਦਿੱਤੀ ਜਾਵੇਗੀ। ਪੰਜਾਬ ਸਰਕਾਰ ਵੱਲੋਂ ਪੰਜਾਬ ਦੇ ਕਿਸਾਨਾਂ ਦੀ ਭਲਾਈ ਲਈ ਅਨੇਕਾਂ ਯੋਜਨਾਵਾਂ ਚਲਾਈਆਂ ਜਾ ਰਹੀਆਂ ਹਨ ਅਤੇ ਇਨ੍ਹਾਂ ਯੋਜਨਾਵਾਂ ਦਾ ਲਾਭ ਹਰ ਲੋੜਵੰਦ ਤੱਕ ਪਹੁੰਚਾਇਆ ਜਾ ਰਿਹਾ ਹੈ। ਜ਼ਿਲ੍ਹਾ ਪ੍ਰਸ਼ਾਸਨ ਵੱਲੋਂ ਮੰਡੀਆਂ ਵਿੱਚ ਕਣਕ ਦੀ ਖਰੀਦ ਦੇ ਪੁਖਤਾ ਪ੍ਰਬੰਧ ਕੀਤੇ ਗਏ ਹਨ। ਕਿਸਾਨਾਂ ਨੂੰ ਕਿਸੇ ਕਿਸਮ ਦੀ ਮੁਸ਼ਕਿਲ ਨਹੀਂ ਆਉਣ ਦਿੱਤੀ ਜਾਵੇਗੀ। ਪੰਜਾਬ ਸਰਕਾਰ ਵੱਲੋਂ ਪੰਜਾਬ ਦੇ ਕਿਸਾਨਾਂ ਦੀ ਭਲਾਈ ਲਈ ਅਨੇਕਾਂ ਯੋਜਨਾਵਾਂ ਚਲਾਈਆਂ ਜਾ ਰਹੀਆਂ ਹਨ ਅਤੇ ਇਨ੍ਹਾਂ ਯੋਜਨਾਵਾਂ ਦਾ ਲਾਭ ਹਰ ਲੋੜਵੰਦ ਤੱਕ ਪਹੁੰਚਾਇਆ ਜਾ ਰਿਹਾ ਹੈ। ਜ਼ਿਲ੍ਹਾ ਪ੍ਰਸ਼ਾਸਨ ਵੱਲੋਂ ਮੰਡੀਆਂ ਵਿੱਚ ਕਣਕ ਦੀ ਖਰੀਦ ਦੇ ਪੁਖਤਾ ਪ੍ਰਬੰਧ ਕੀਤੇ ਗਏ ਹਨ। ਕਿਸਾਨਾਂ ਨੂੰ ਕਿਸੇ ਕਿਸਮ ਦੀ ਮੁਸ਼ਕਿਲ ਨਹੀਂ ਆਉਣ ਦਿੱਤੀ ਜਾਵੇਗੀ। ਪੰਜਾਬ ਸਰਕਾਰ ਵੱਲੋਂ ਪੰਜਾਬ ਦੇ ਕਿਸਾਨਾਂ ਦੀ ਭਲਾਈ ਲਈ ਅਨੇਕਾਂ ਯੋਜਨਾਵਾਂ ਚਲਾਈਆਂ ਜਾ ਰਹੀਆਂ ਹਨ ਅਤੇ ਇਨ੍ਹਾਂ ਯੋਜਨਾਵਾਂ ਦਾ ਲਾਭ ਹਰ ਲੋੜਵੰਦ ਤੱਕ ਪਹੁੰਚਾਇਆ ਜਾ ਰਿਹਾ ਹੈ। ਜ਼ਿਲ੍ਹਾ ਪ੍ਰਸ਼ਾਸਨ ਵੱਲੋਂ ਮੰਡੀਆਂ ਵਿੱਚ ਕਣਕ ਦੀ ਖਰੀਦ ਦੇ ਪੁਖਤਾ ਪ੍ਰਬੰਧ ਕੀਤੇ ਗਏ ਹਨ। ਕਿਸਾਨਾਂ ਨੂੰ ਕਿਸੇ ਕਿਸਮ ਦੀ ਮੁਸ਼ਕਿਲ ਨਹੀਂ ਆਉਣ ਦਿੱਤੀ ਜਾਵੇਗੀ। ਪੰਜਾਬ ਸਰਕਾਰ ਵੱਲੋਂ ਪੰਜਾਬ ਦੇ ਕਿਸਾਨਾਂ ਦੀ ਭਲਾਈ ਲਈ ਅਨੇਕਾਂ ਯੋਜਨਾਵਾਂ ਚਲਾਈਆਂ ਜਾ ਰਹੀਆਂ ਹਨ ਅਤੇ ਇਨ੍ਹਾਂ ਯੋਜਨਾਵਾਂ ਦਾ ਲਾਭ ਹਰ ਲੋੜਵੰਦ ਤੱਕ ਪਹੁੰਚਾਇਆ ਜਾ ਰਿਹਾ ਹੈ। ਜ਼ਿਲ੍ਹਾ ਪ੍ਰਸ਼ਾਸਨ ਵੱਲੋਂ ਮੰਡੀਆਂ ਵਿੱਚ ਕਣਕ ਦੀ ਖਰੀਦ ਦੇ ਪੁਖਤਾ ਪ੍ਰਬੰਧ ਕੀਤੇ ਗਏ ਹਨ। ਕਿਸਾਨਾਂ ਨੂੰ ਕਿਸੇ ਕਿਸਮ ਦੀ ਮੁਸ਼ਕਿਲ ਨਹੀਂ ਆਉਣ ਦਿੱਤੀ ਜਾਵੇਗੀ।
ਪੰਜਾਬ ਸਰਕਾਰ ਵੱਲੋਂ ਪੰਜਾਬ ਦੇ ਕਿਸਾਨਾਂ ਦੀ ਭਲਾਈ ਲਈ ਅਨੇਕਾਂ ਯੋਜਨਾਵਾਂ ਚਲਾਈਆਂ ਜਾ ਰਹੀਆਂ ਹਨ ਅਤੇ ਇਨ੍ਹਾਂ ਯੋਜਨਾਵਾਂ ਦਾ ਲਾਭ ਹਰ ਲੋੜਵੰਦ ਤੱਕ ਪਹੁੰਚਾਇਆ ਜਾ ਰਿਹਾ ਹੈ। ਜ਼ਿਲ੍ਹਾ ਪ੍ਰਸ਼ਾਸਨ ਵੱਲੋਂ ਮੰਡੀਆਂ ਵਿੱਚ ਕਣਕ ਦੀ ਖਰੀਦ ਦੇ ਪੁਖਤਾ ਪ੍ਰਬੰਧ ਕੀਤੇ ਗਏ ਹਨ। ਕਿਸਾਨਾਂ ਨੂੰ ਕਿਸੇ ਕਿਸਮ ਦੀ ਮੁਸ਼ਕਿਲ ਨਹੀਂ ਆਉਣ ਦਿੱਤੀ ਜਾਵੇਗੀ। ਪੰਜਾਬ ਸਰਕਾਰ ਵੱਲੋਂ ਪੰਜਾਬ ਦੇ ਕਿਸਾਨਾਂ ਦੀ ਭਲਾਈ ਲਈ ਅਨੇਕਾਂ ਯੋਜਨਾਵਾਂ ਚਲਾਈਆਂ ਜਾ ਰਹੀਆਂ ਹਨ ਅਤੇ ਇਨ੍ਹਾਂ ਯੋਜਨਾਵਾਂ ਦਾ ਲਾਭ ਹਰ ਲੋੜਵੰਦ ਤੱਕ ਪਹੁੰਚਾਇਆ ਜਾ ਰਿਹਾ ਹੈ। ਜ਼ਿਲ੍ਹਾ ਪ੍ਰਸ਼ਾਸਨ ਵੱਲੋਂ ਮੰਡੀਆਂ ਵਿੱਚ ਕਣਕ ਦੀ ਖਰੀਦ ਦੇ ਪੁਖਤਾ ਪ੍ਰਬੰਧ ਕੀਤੇ ਗਏ ਹਨ। ਕਿਸਾਨਾਂ ਨੂੰ ਕਿਸੇ ਕਿਸਮ ਦੀ ਮੁਸ਼ਕਿਲ ਨਹੀਂ ਆਉਣ ਦਿੱਤੀ ਜਾਵੇਗੀ। ਪੰਜਾਬ ਸਰਕਾਰ ਵੱਲੋਂ ਪੰਜਾਬ ਦੇ ਕਿਸਾਨਾਂ ਦੀ ਭਲਾਈ ਲਈ ਅਨੇਕਾਂ ਯੋਜਨਾਵਾਂ ਚਲਾਈਆਂ ਜਾ ਰਹੀਆਂ ਹਨ ਅਤੇ ਇਨ੍ਹਾਂ ਯੋਜਨਾਵਾਂ ਦਾ ਲਾਭ ਹਰ ਲੋੜਵੰਦ ਤੱਕ ਪਹੁੰਚਾਇਆ ਜਾ ਰਿਹਾ ਹੈ। ਜ਼ਿਲ੍ਹਾ ਪ੍ਰਸ਼ਾਸਨ ਵੱਲੋਂ ਮੰਡੀਆਂ ਵਿੱਚ ਕਣਕ ਦੀ ਖਰੀਦ ਦੇ ਪੁਖਤਾ ਪ੍ਰਬੰਧ ਕੀਤੇ ਗਏ ਹਨ। ਕਿਸਾਨਾਂ ਨੂੰ ਕਿਸੇ ਕਿਸਮ ਦੀ ਮੁਸ਼ਕਿਲ ਨਹੀਂ ਆਉਣ ਦਿੱਤੀ ਜਾਵੇਗੀ। ਪੰਜਾਬ ਸਰਕਾਰ ਵੱਲੋਂ ਪੰਜਾਬ ਦੇ ਕਿਸਾਨਾਂ ਦੀ ਭਲਾਈ ਲਈ ਅਨੇਕਾਂ ਯੋਜਨਾਵਾਂ ਚਲਾਈਆਂ ਜਾ ਰਹੀਆਂ ਹਨ ਅਤੇ ਇਨ੍ਹਾਂ ਯੋਜਨਾਵਾਂ ਦਾ ਲਾਭ ਹਰ ਲੋੜਵੰਦ ਤੱਕ ਪਹੁੰਚਾਇਆ ਜਾ ਰਿਹਾ ਹੈ। ਜ਼ਿਲ੍ਹਾ ਪ੍ਰਸ਼ਾਸਨ ਵੱਲੋਂ ਮੰਡੀਆਂ ਵਿੱਚ ਕਣਕ ਦੀ ਖਰੀਦ ਦੇ ਪੁਖਤਾ ਪ੍ਰਬੰਧ ਕੀਤੇ ਗਏ ਹਨ। ਕਿਸਾਨਾਂ ਨੂੰ ਕਿਸੇ ਕਿਸਮ ਦੀ ਮੁਸ਼ਕਿਲ ਨਹੀਂ ਆਉਣ ਦਿੱਤੀ ਜਾਵੇਗੀ। ਪੰਜਾਬ ਸਰਕਾਰ ਵੱਲੋਂ ਪੰਜਾਬ ਦੇ ਕਿਸਾਨਾਂ ਦੀ ਭਲਾਈ ਲਈ ਅਨੇਕਾਂ ਯੋਜਨਾਵਾਂ ਚਲਾਈਆਂ ਜਾ ਰਹੀਆਂ ਹਨ ਅਤੇ ਇਨ੍ਹਾਂ ਯੋਜਨਾਵਾਂ ਦਾ ਲਾਭ ਹਰ ਲੋੜਵੰਦ ਤੱਕ ਪਹੁੰਚਾਇਆ ਜਾ ਰਿਹਾ ਹੈ। ਜ਼ਿਲ੍ਹਾ ਪ੍ਰਸ਼ਾਸਨ ਵੱਲੋਂ ਮੰਡੀਆਂ ਵਿੱਚ ਕਣਕ ਦੀ ਖਰੀਦ ਦੇ ਪੁਖਤਾ ਪ੍ਰਬੰਧ ਕੀਤੇ ਗਏ ਹਨ। ਕਿਸਾਨਾਂ ਨੂੰ ਕਿਸੇ ਕਿਸਮ ਦੀ ਮੁਸ਼ਕਿਲ ਨਹੀਂ ਆਉਣ ਦਿੱਤੀ ਜਾਵੇਗੀ। ਪੰਜਾਬ ਸਰਕਾਰ ਵੱਲੋਂ ਪੰਜਾਬ ਦੇ ਕਿਸਾਨਾਂ ਦੀ ਭਲਾਈ ਲਈ ਅਨੇਕਾਂ ਯੋਜਨਾਵਾਂ ਚਲਾਈਆਂ ਜਾ ਰਹੀਆਂ ਹਨ ਅਤੇ ਇਨ੍ਹਾਂ ਯੋਜਨਾਵਾਂ ਦਾ ਲਾਭ ਹਰ ਲੋੜਵੰਦ ਤੱਕ ਪਹੁੰਚਾਇਆ ਜਾ ਰਿਹਾ ਹੈ। ਜ਼ਿਲ੍ਹਾ ਪ੍ਰਸ਼ਾਸਨ ਵੱਲੋਂ ਮੰਡੀਆਂ ਵਿੱਚ ਕਣਕ ਦੀ ਖਰੀਦ ਦੇ ਪੁਖਤਾ ਪ੍ਰਬੰਧ ਕੀਤੇ ਗਏ ਹਨ। ਕਿਸਾਨਾਂ ਨੂੰ ਕਿਸੇ ਕਿਸਮ ਦੀ ਮੁਸ਼ਕਿਲ ਨਹੀਂ ਆਉਣ ਦਿੱਤੀ ਜਾਵੇਗੀ।
ਹੱਥਾਂ ਤੋਂ ਵੱਧ ਕੀਮਤੀ ਗੱਲਾਂ
ਪੰਜਾਬ ਸਰਕਾਰ ਵੱਲੋਂ ਪੰਜਾਬ ਦੇ ਕਿਸਾਨਾਂ ਦੀ ਭਲਾਈ ਲਈ ਅਨੇਕਾਂ ਯੋਜਨਾਵਾਂ ਚਲਾਈਆਂ ਜਾ ਰਹੀਆਂ ਹਨ ਅਤੇ ਇਨ੍ਹਾਂ ਯੋਜਨਾਵਾਂ ਦਾ ਲਾਭ ਹਰ ਲੋੜਵੰਦ ਤੱਕ ਪਹੁੰਚਾਇਆ ਜਾ ਰਿਹਾ ਹੈ। ਜ਼ਿਲ੍ਹਾ ਪ੍ਰਸ਼ਾਸਨ ਵੱਲੋਂ ਮੰਡੀਆਂ ਵਿੱਚ ਕਣਕ ਦੀ ਖਰੀਦ ਦੇ ਪੁਖਤਾ ਪ੍ਰਬੰਧ ਕੀਤੇ ਗਏ ਹਨ। ਕਿਸਾਨਾਂ ਨੂੰ ਕਿਸੇ ਕਿਸਮ ਦੀ ਮੁਸ਼ਕਿਲ ਨਹੀਂ ਆਉਣ ਦਿੱਤੀ ਜਾਵੇਗੀ। ਪੰਜਾਬ ਸਰਕਾਰ ਵੱਲੋਂ ਪੰਜਾਬ ਦੇ ਕਿਸਾਨਾਂ ਦੀ ਭਲਾਈ ਲਈ ਅਨੇਕਾਂ ਯੋਜਨਾਵਾਂ ਚਲਾਈਆਂ ਜਾ ਰਹੀਆਂ ਹਨ ਅਤੇ ਇਨ੍ਹਾਂ ਯੋਜਨਾਵਾਂ ਦਾ ਲਾਭ ਹਰ ਲੋੜਵੰਦ ਤੱਕ ਪਹੁੰਚਾਇਆ ਜਾ ਰਿਹਾ ਹੈ। ਜ਼ਿਲ੍ਹਾ ਪ੍ਰਸ਼ਾਸਨ ਵੱਲੋਂ ਮੰਡੀਆਂ ਵਿੱਚ ਕਣਕ ਦੀ ਖਰੀਦ ਦੇ ਪੁਖਤਾ ਪ੍ਰਬੰਧ ਕੀਤੇ ਗਏ ਹਨ। ਕਿਸਾਨਾਂ ਨੂੰ ਕਿਸੇ ਕਿਸਮ ਦੀ ਮੁਸ਼ਕਿਲ ਨਹੀਂ ਆਉਣ ਦਿੱਤੀ ਜਾਵੇਗੀ। ਪੰਜਾਬ ਸਰਕਾਰ ਵੱਲੋਂ ਪੰਜਾਬ ਦੇ ਕਿਸਾਨਾਂ ਦੀ ਭਲਾਈ ਲਈ ਅਨੇਕਾਂ ਯੋਜਨਾਵਾਂ ਚਲਾਈਆਂ ਜਾ ਰਹੀਆਂ ਹਨ ਅਤੇ ਇਨ੍ਹਾਂ ਯੋਜਨਾਵਾਂ ਦਾ ਲਾਭ ਹਰ ਲੋੜਵੰਦ ਤੱਕ ਪਹੁੰਚਾਇਆ ਜਾ ਰਿਹਾ ਹੈ। ਜ਼ਿਲ੍ਹਾ ਪ੍ਰਸ਼ਾਸਨ ਵੱਲੋਂ ਮੰਡੀਆਂ ਵਿੱਚ ਕਣਕ ਦੀ ਖਰੀਦ ਦੇ ਪੁਖਤਾ ਪ੍ਰਬੰਧ ਕੀਤੇ ਗਏ ਹਨ। ਕਿਸਾਨਾਂ ਨੂੰ ਕਿਸੇ ਕਿਸਮ ਦੀ ਮੁਸ਼ਕਿਲ ਨਹੀਂ ਆਉਣ ਦਿੱਤੀ ਜਾਵੇਗੀ। ਪੰਜਾਬ ਸਰਕਾਰ ਵੱਲੋਂ ਪੰਜਾਬ ਦੇ ਕਿਸਾਨਾਂ ਦੀ ਭਲਾਈ ਲਈ ਅਨੇਕਾਂ ਯੋਜਨਾਵਾਂ ਚਲਾਈਆਂ ਜਾ ਰਹੀਆਂ ਹਨ ਅਤੇ ਇਨ੍ਹਾਂ ਯੋਜਨਾਵਾਂ ਦਾ ਲਾਭ ਹਰ ਲੋੜਵੰਦ ਤੱਕ ਪਹੁੰਚਾਇਆ ਜਾ ਰਿਹਾ ਹੈ। ਜ਼ਿਲ੍ਹਾ ਪ੍ਰਸ਼ਾਸਨ ਵੱਲੋਂ ਮੰਡੀਆਂ ਵਿੱਚ ਕਣਕ ਦੀ ਖਰੀਦ ਦੇ ਪੁਖਤਾ ਪ੍ਰਬੰਧ ਕੀਤੇ ਗਏ ਹਨ। ਕਿਸਾਨਾਂ ਨੂੰ ਕਿਸੇ ਕਿਸਮ ਦੀ ਮੁਸ਼ਕਿਲ ਨਹੀਂ ਆਉਣ ਦਿੱਤੀ ਜਾਵੇਗੀ। ਪੰਜਾਬ ਸਰਕਾਰ ਵੱਲੋਂ ਪੰਜਾਬ ਦੇ ਕਿਸਾਨਾਂ ਦੀ ਭਲਾਈ ਲਈ ਅਨੇਕਾਂ ਯੋਜਨਾਵਾਂ ਚਲਾਈਆਂ ਜਾ ਰਹੀਆਂ ਹਨ ਅਤੇ ਇਨ੍ਹਾਂ ਯੋਜਨਾਵਾਂ ਦਾ ਲਾਭ ਹਰ ਲੋੜਵੰਦ ਤੱਕ ਪਹੁੰਚਾਇਆ ਜਾ ਰਿਹਾ ਹੈ। ਜ਼ਿਲ੍ਹਾ ਪ੍ਰਸ਼ਾਸਨ ਵੱਲੋਂ ਮੰਡੀਆਂ ਵਿੱਚ ਕਣਕ ਦੀ ਖਰੀਦ ਦੇ ਪੁਖਤਾ ਪ੍ਰਬੰਧ ਕੀਤੇ ਗਏ ਹਨ। ਕਿਸਾਨਾਂ ਨੂੰ ਕਿਸੇ ਕਿਸਮ ਦੀ ਮੁਸ਼ਕਿਲ ਨਹੀਂ ਆਉਣ ਦਿੱਤੀ ਜਾਵੇਗੀ। ਪੰਜਾਬ ਸਰਕਾਰ ਵੱਲੋਂ ਪੰਜਾਬ ਦੇ ਕਿਸਾਨਾਂ ਦੀ ਭਲਾਈ ਲਈ ਅਨੇਕਾਂ ਯੋਜਨਾਵਾਂ ਚਲਾਈਆਂ ਜਾ ਰਹੀਆਂ ਹਨ ਅਤੇ ਇਨ੍ਹਾਂ ਯੋਜਨਾਵਾਂ ਦਾ ਲਾਭ ਹਰ ਲੋੜਵੰਦ ਤੱਕ ਪਹੁੰਚਾਇਆ ਜਾ ਰਿਹਾ ਹੈ। ਜ਼ਿਲ੍ਹਾ ਪ੍ਰਸ਼ਾਸਨ ਵੱਲੋਂ ਮੰਡੀਆਂ ਵਿੱਚ ਕਣਕ ਦੀ ਖਰੀਦ ਦੇ ਪੁਖਤਾ ਪ੍ਰਬੰਧ ਕੀਤੇ ਗਏ ਹਨ। ਕਿਸਾਨਾਂ ਨੂੰ ਕਿਸੇ ਕਿਸਮ ਦੀ ਮੁਸ਼ਕਿਲ ਨਹੀਂ ਆਉਣ ਦਿੱਤੀ ਜਾਵੇਗੀ।
ਲੇਖਕ: ਰਵਿੰਦਰ ਸਿੰਘ
